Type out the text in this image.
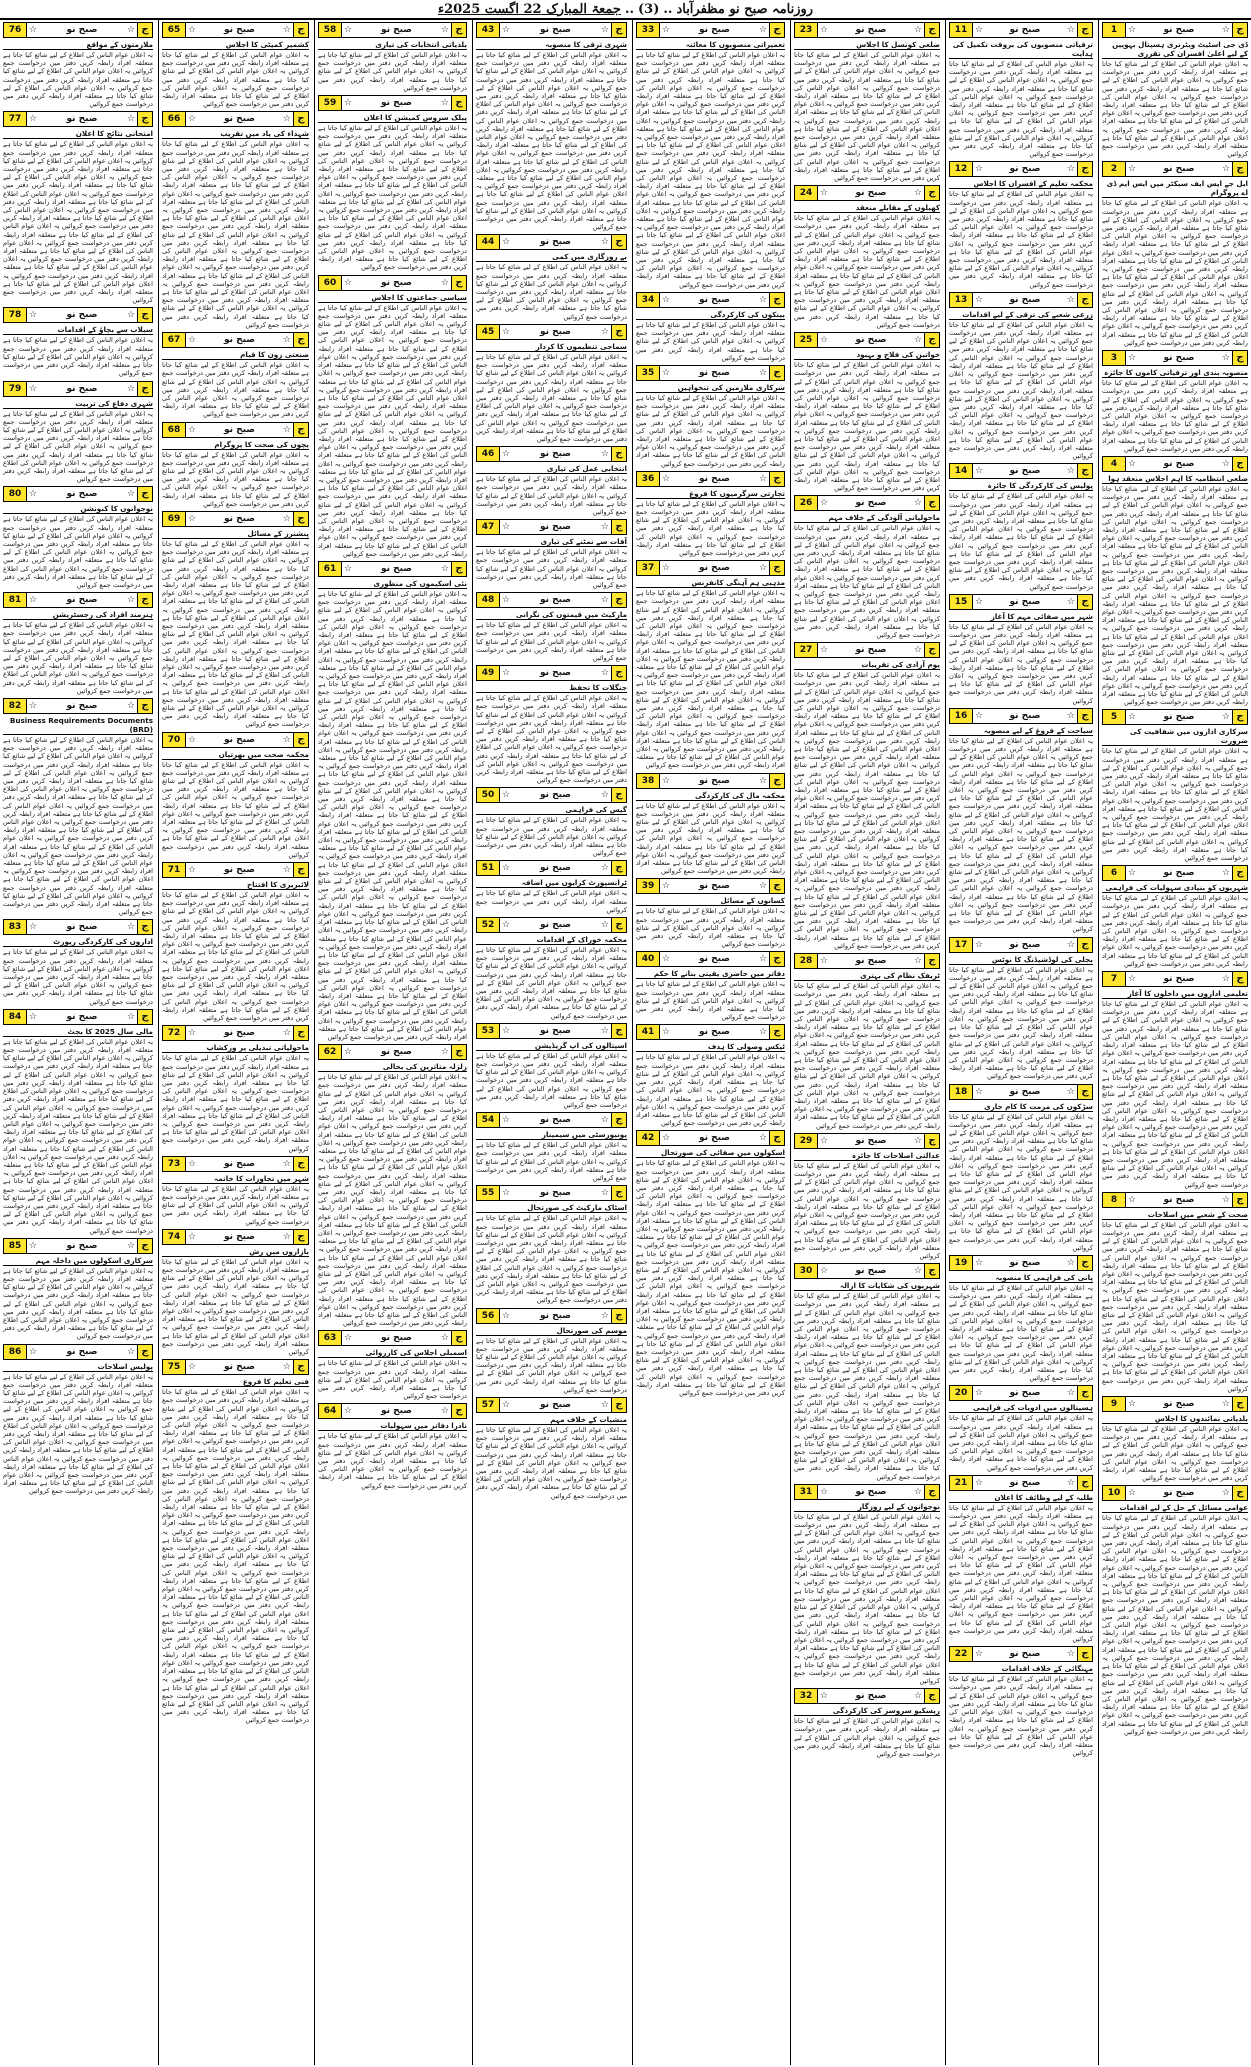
روزنامہ صبح نو مظفرآباد
..
(3)
..
جمعۃ المبارک 22 اگست 2025ء
1	☆	صبح نو	☆ ج
ڈی جی اسٹیٹ ویٹرنری ہسپتال بہوپیں کے لیے اعلیٰ افسران کی تقرری

یہ اعلان عوام الناس کی اطلاع کے لیے شائع کیا جاتا ہے متعلقہ افراد رابطہ کریں دفتر میں درخواست جمع کروائیں یہ اعلان عوام الناس کی اطلاع کے لیے شائع کیا جاتا ہے متعلقہ افراد رابطہ کریں دفتر میں درخواست جمع کروائیں یہ اعلان عوام الناس کی اطلاع کے لیے شائع کیا جاتا ہے متعلقہ افراد رابطہ کریں دفتر میں درخواست جمع کروائیں یہ اعلان عوام الناس کی اطلاع کے لیے شائع کیا جاتا ہے متعلقہ افراد رابطہ کریں دفتر میں درخواست جمع کروائیں یہ اعلان عوام الناس کی اطلاع کے لیے شائع کیا جاتا ہے متعلقہ افراد رابطہ کریں دفتر میں درخواست جمع کروائیں

2	☆	صبح نو	☆ ج
ایل جے ایس ایف سیکٹر میں ایس ایم ڈی اے پروگرام

یہ اعلان عوام الناس کی اطلاع کے لیے شائع کیا جاتا ہے متعلقہ افراد رابطہ کریں دفتر میں درخواست جمع کروائیں یہ اعلان عوام الناس کی اطلاع کے لیے شائع کیا جاتا ہے متعلقہ افراد رابطہ کریں دفتر میں درخواست جمع کروائیں یہ اعلان عوام الناس کی اطلاع کے لیے شائع کیا جاتا ہے متعلقہ افراد رابطہ کریں دفتر میں درخواست جمع کروائیں یہ اعلان عوام الناس کی اطلاع کے لیے شائع کیا جاتا ہے متعلقہ افراد رابطہ کریں دفتر میں درخواست جمع کروائیں یہ اعلان عوام الناس کی اطلاع کے لیے شائع کیا جاتا ہے متعلقہ افراد رابطہ کریں دفتر میں درخواست جمع کروائیں یہ اعلان عوام الناس کی اطلاع کے لیے شائع کیا جاتا ہے متعلقہ افراد رابطہ کریں دفتر میں درخواست جمع کروائیں یہ اعلان عوام الناس کی اطلاع کے لیے شائع کیا جاتا ہے متعلقہ افراد رابطہ کریں دفتر میں درخواست جمع کروائیں یہ اعلان عوام الناس کی اطلاع کے لیے شائع کیا جاتا ہے متعلقہ افراد رابطہ کریں دفتر میں درخواست جمع کروائیں

3	☆	صبح نو	☆ ج
منصوبہ بندی اور ترقیاتی کاموں کا جائزہ

یہ اعلان عوام الناس کی اطلاع کے لیے شائع کیا جاتا ہے متعلقہ افراد رابطہ کریں دفتر میں درخواست جمع کروائیں یہ اعلان عوام الناس کی اطلاع کے لیے شائع کیا جاتا ہے متعلقہ افراد رابطہ کریں دفتر میں درخواست جمع کروائیں یہ اعلان عوام الناس کی اطلاع کے لیے شائع کیا جاتا ہے متعلقہ افراد رابطہ کریں دفتر میں درخواست جمع کروائیں یہ اعلان عوام الناس کی اطلاع کے لیے شائع کیا جاتا ہے متعلقہ افراد رابطہ کریں دفتر میں درخواست جمع کروائیں

4	☆	صبح نو	☆ ج
ضلعی انتظامیہ کا اہم اجلاس منعقد ہوا

یہ اعلان عوام الناس کی اطلاع کے لیے شائع کیا جاتا ہے متعلقہ افراد رابطہ کریں دفتر میں درخواست جمع کروائیں یہ اعلان عوام الناس کی اطلاع کے لیے شائع کیا جاتا ہے متعلقہ افراد رابطہ کریں دفتر میں درخواست جمع کروائیں یہ اعلان عوام الناس کی اطلاع کے لیے شائع کیا جاتا ہے متعلقہ افراد رابطہ کریں دفتر میں درخواست جمع کروائیں یہ اعلان عوام الناس کی اطلاع کے لیے شائع کیا جاتا ہے متعلقہ افراد رابطہ کریں دفتر میں درخواست جمع کروائیں یہ اعلان عوام الناس کی اطلاع کے لیے شائع کیا جاتا ہے متعلقہ افراد رابطہ کریں دفتر میں درخواست جمع کروائیں یہ اعلان عوام الناس کی اطلاع کے لیے شائع کیا جاتا ہے متعلقہ افراد رابطہ کریں دفتر میں درخواست جمع کروائیں یہ اعلان عوام الناس کی اطلاع کے لیے شائع کیا جاتا ہے متعلقہ افراد رابطہ کریں دفتر میں درخواست جمع کروائیں یہ اعلان عوام الناس کی اطلاع کے لیے شائع کیا جاتا ہے متعلقہ افراد رابطہ کریں دفتر میں درخواست جمع کروائیں یہ اعلان عوام الناس کی اطلاع کے لیے شائع کیا جاتا ہے متعلقہ افراد رابطہ کریں دفتر میں درخواست جمع کروائیں یہ اعلان عوام الناس کی اطلاع کے لیے شائع کیا جاتا ہے متعلقہ افراد رابطہ کریں دفتر میں درخواست جمع کروائیں یہ اعلان عوام الناس کی اطلاع کے لیے شائع کیا جاتا ہے متعلقہ افراد رابطہ کریں دفتر میں درخواست جمع کروائیں یہ اعلان عوام الناس کی اطلاع کے لیے شائع کیا جاتا ہے متعلقہ افراد رابطہ کریں دفتر میں درخواست جمع کروائیں

5	☆	صبح نو	☆ ج
سرکاری اداروں میں شفافیت کی ضرورت

یہ اعلان عوام الناس کی اطلاع کے لیے شائع کیا جاتا ہے متعلقہ افراد رابطہ کریں دفتر میں درخواست جمع کروائیں یہ اعلان عوام الناس کی اطلاع کے لیے شائع کیا جاتا ہے متعلقہ افراد رابطہ کریں دفتر میں درخواست جمع کروائیں یہ اعلان عوام الناس کی اطلاع کے لیے شائع کیا جاتا ہے متعلقہ افراد رابطہ کریں دفتر میں درخواست جمع کروائیں یہ اعلان عوام الناس کی اطلاع کے لیے شائع کیا جاتا ہے متعلقہ افراد رابطہ کریں دفتر میں درخواست جمع کروائیں یہ اعلان عوام الناس کی اطلاع کے لیے شائع کیا جاتا ہے متعلقہ افراد رابطہ کریں دفتر میں درخواست جمع کروائیں یہ اعلان عوام الناس کی اطلاع کے لیے شائع کیا جاتا ہے متعلقہ افراد رابطہ کریں دفتر میں درخواست جمع کروائیں

6	☆	صبح نو	☆ ج
شہریوں کو بنیادی سہولیات کی فراہمی

یہ اعلان عوام الناس کی اطلاع کے لیے شائع کیا جاتا ہے متعلقہ افراد رابطہ کریں دفتر میں درخواست جمع کروائیں یہ اعلان عوام الناس کی اطلاع کے لیے شائع کیا جاتا ہے متعلقہ افراد رابطہ کریں دفتر میں درخواست جمع کروائیں یہ اعلان عوام الناس کی اطلاع کے لیے شائع کیا جاتا ہے متعلقہ افراد رابطہ کریں دفتر میں درخواست جمع کروائیں یہ اعلان عوام الناس کی اطلاع کے لیے شائع کیا جاتا ہے متعلقہ افراد رابطہ کریں دفتر میں درخواست جمع کروائیں

7	☆	صبح نو	☆ ج
تعلیمی اداروں میں داخلوں کا آغاز

یہ اعلان عوام الناس کی اطلاع کے لیے شائع کیا جاتا ہے متعلقہ افراد رابطہ کریں دفتر میں درخواست جمع کروائیں یہ اعلان عوام الناس کی اطلاع کے لیے شائع کیا جاتا ہے متعلقہ افراد رابطہ کریں دفتر میں درخواست جمع کروائیں یہ اعلان عوام الناس کی اطلاع کے لیے شائع کیا جاتا ہے متعلقہ افراد رابطہ کریں دفتر میں درخواست جمع کروائیں یہ اعلان عوام الناس کی اطلاع کے لیے شائع کیا جاتا ہے متعلقہ افراد رابطہ کریں دفتر میں درخواست جمع کروائیں یہ اعلان عوام الناس کی اطلاع کے لیے شائع کیا جاتا ہے متعلقہ افراد رابطہ کریں دفتر میں درخواست جمع کروائیں یہ اعلان عوام الناس کی اطلاع کے لیے شائع کیا جاتا ہے متعلقہ افراد رابطہ کریں دفتر میں درخواست جمع کروائیں یہ اعلان عوام الناس کی اطلاع کے لیے شائع کیا جاتا ہے متعلقہ افراد رابطہ کریں دفتر میں درخواست جمع کروائیں یہ اعلان عوام الناس کی اطلاع کے لیے شائع کیا جاتا ہے متعلقہ افراد رابطہ کریں دفتر میں درخواست جمع کروائیں یہ اعلان عوام الناس کی اطلاع کے لیے شائع کیا جاتا ہے متعلقہ افراد رابطہ کریں دفتر میں درخواست جمع کروائیں یہ اعلان عوام الناس کی اطلاع کے لیے شائع کیا جاتا ہے متعلقہ افراد رابطہ کریں دفتر میں درخواست جمع کروائیں

8	☆	صبح نو	☆ ج
صحت کے شعبے میں اصلاحات

یہ اعلان عوام الناس کی اطلاع کے لیے شائع کیا جاتا ہے متعلقہ افراد رابطہ کریں دفتر میں درخواست جمع کروائیں یہ اعلان عوام الناس کی اطلاع کے لیے شائع کیا جاتا ہے متعلقہ افراد رابطہ کریں دفتر میں درخواست جمع کروائیں یہ اعلان عوام الناس کی اطلاع کے لیے شائع کیا جاتا ہے متعلقہ افراد رابطہ کریں دفتر میں درخواست جمع کروائیں یہ اعلان عوام الناس کی اطلاع کے لیے شائع کیا جاتا ہے متعلقہ افراد رابطہ کریں دفتر میں درخواست جمع کروائیں یہ اعلان عوام الناس کی اطلاع کے لیے شائع کیا جاتا ہے متعلقہ افراد رابطہ کریں دفتر میں درخواست جمع کروائیں یہ اعلان عوام الناس کی اطلاع کے لیے شائع کیا جاتا ہے متعلقہ افراد رابطہ کریں دفتر میں درخواست جمع کروائیں یہ اعلان عوام الناس کی اطلاع کے لیے شائع کیا جاتا ہے متعلقہ افراد رابطہ کریں دفتر میں درخواست جمع کروائیں یہ اعلان عوام الناس کی اطلاع کے لیے شائع کیا جاتا ہے متعلقہ افراد رابطہ کریں دفتر میں درخواست جمع کروائیں یہ اعلان عوام الناس کی اطلاع کے لیے شائع کیا جاتا ہے متعلقہ افراد رابطہ کریں دفتر میں درخواست جمع کروائیں

9	☆	صبح نو	☆ ج
بلدیاتی نمائندوں کا اجلاس

یہ اعلان عوام الناس کی اطلاع کے لیے شائع کیا جاتا ہے متعلقہ افراد رابطہ کریں دفتر میں درخواست جمع کروائیں یہ اعلان عوام الناس کی اطلاع کے لیے شائع کیا جاتا ہے متعلقہ افراد رابطہ کریں دفتر میں درخواست جمع کروائیں یہ اعلان عوام الناس کی اطلاع کے لیے شائع کیا جاتا ہے متعلقہ افراد رابطہ کریں دفتر میں درخواست جمع کروائیں

10 ☆	صبح نو	☆ ج
عوامی مسائل کے حل کے لیے اقدامات

یہ اعلان عوام الناس کی اطلاع کے لیے شائع کیا جاتا ہے متعلقہ افراد رابطہ کریں دفتر میں درخواست جمع کروائیں یہ اعلان عوام الناس کی اطلاع کے لیے شائع کیا جاتا ہے متعلقہ افراد رابطہ کریں دفتر میں درخواست جمع کروائیں یہ اعلان عوام الناس کی اطلاع کے لیے شائع کیا جاتا ہے متعلقہ افراد رابطہ کریں دفتر میں درخواست جمع کروائیں یہ اعلان عوام الناس کی اطلاع کے لیے شائع کیا جاتا ہے متعلقہ افراد رابطہ کریں دفتر میں درخواست جمع کروائیں یہ اعلان عوام الناس کی اطلاع کے لیے شائع کیا جاتا ہے متعلقہ افراد رابطہ کریں دفتر میں درخواست جمع کروائیں یہ اعلان عوام الناس کی اطلاع کے لیے شائع کیا جاتا ہے متعلقہ افراد رابطہ کریں دفتر میں درخواست جمع کروائیں یہ اعلان عوام الناس کی اطلاع کے لیے شائع کیا جاتا ہے متعلقہ افراد رابطہ کریں دفتر میں درخواست جمع کروائیں یہ اعلان عوام الناس کی اطلاع کے لیے شائع کیا جاتا ہے متعلقہ افراد رابطہ کریں دفتر میں درخواست جمع کروائیں یہ اعلان عوام الناس کی اطلاع کے لیے شائع کیا جاتا ہے متعلقہ افراد رابطہ کریں دفتر میں درخواست جمع کروائیں یہ اعلان عوام الناس کی اطلاع کے لیے شائع کیا جاتا ہے متعلقہ افراد رابطہ کریں دفتر میں درخواست جمع کروائیں یہ اعلان عوام الناس کی اطلاع کے لیے شائع کیا جاتا ہے متعلقہ افراد رابطہ کریں دفتر میں درخواست جمع کروائیں یہ اعلان عوام الناس کی اطلاع کے لیے شائع کیا جاتا ہے متعلقہ افراد رابطہ کریں دفتر میں درخواست جمع کروائیں

11 ☆	صبح نو	☆ ج
ترقیاتی منصوبوں کی بروقت تکمیل کی ہدایت

یہ اعلان عوام الناس کی اطلاع کے لیے شائع کیا جاتا ہے متعلقہ افراد رابطہ کریں دفتر میں درخواست جمع کروائیں یہ اعلان عوام الناس کی اطلاع کے لیے شائع کیا جاتا ہے متعلقہ افراد رابطہ کریں دفتر میں درخواست جمع کروائیں یہ اعلان عوام الناس کی اطلاع کے لیے شائع کیا جاتا ہے متعلقہ افراد رابطہ کریں دفتر میں درخواست جمع کروائیں یہ اعلان عوام الناس کی اطلاع کے لیے شائع کیا جاتا ہے متعلقہ افراد رابطہ کریں دفتر میں درخواست جمع کروائیں یہ اعلان عوام الناس کی اطلاع کے لیے شائع کیا جاتا ہے متعلقہ افراد رابطہ کریں دفتر میں درخواست جمع کروائیں

12 ☆	صبح نو	☆ ج
محکمہ تعلیم کے افسران کا اجلاس

یہ اعلان عوام الناس کی اطلاع کے لیے شائع کیا جاتا ہے متعلقہ افراد رابطہ کریں دفتر میں درخواست جمع کروائیں یہ اعلان عوام الناس کی اطلاع کے لیے شائع کیا جاتا ہے متعلقہ افراد رابطہ کریں دفتر میں درخواست جمع کروائیں یہ اعلان عوام الناس کی اطلاع کے لیے شائع کیا جاتا ہے متعلقہ افراد رابطہ کریں دفتر میں درخواست جمع کروائیں یہ اعلان عوام الناس کی اطلاع کے لیے شائع کیا جاتا ہے متعلقہ افراد رابطہ کریں دفتر میں درخواست جمع کروائیں یہ اعلان عوام الناس کی اطلاع کے لیے شائع کیا جاتا ہے متعلقہ افراد رابطہ کریں دفتر میں درخواست جمع کروائیں

13 ☆	صبح نو	☆ ج
زرعی شعبے کی ترقی کے لیے اقدامات

یہ اعلان عوام الناس کی اطلاع کے لیے شائع کیا جاتا ہے متعلقہ افراد رابطہ کریں دفتر میں درخواست جمع کروائیں یہ اعلان عوام الناس کی اطلاع کے لیے شائع کیا جاتا ہے متعلقہ افراد رابطہ کریں دفتر میں درخواست جمع کروائیں یہ اعلان عوام الناس کی اطلاع کے لیے شائع کیا جاتا ہے متعلقہ افراد رابطہ کریں دفتر میں درخواست جمع کروائیں یہ اعلان عوام الناس کی اطلاع کے لیے شائع کیا جاتا ہے متعلقہ افراد رابطہ کریں دفتر میں درخواست جمع کروائیں یہ اعلان عوام الناس کی اطلاع کے لیے شائع کیا جاتا ہے متعلقہ افراد رابطہ کریں دفتر میں درخواست جمع کروائیں یہ اعلان عوام الناس کی اطلاع کے لیے شائع کیا جاتا ہے متعلقہ افراد رابطہ کریں دفتر میں درخواست جمع کروائیں یہ اعلان عوام الناس کی اطلاع کے لیے شائع کیا جاتا ہے متعلقہ افراد رابطہ کریں دفتر میں درخواست جمع کروائیں

14 ☆	صبح نو	☆ ج
پولیس کی کارکردگی کا جائزہ

یہ اعلان عوام الناس کی اطلاع کے لیے شائع کیا جاتا ہے متعلقہ افراد رابطہ کریں دفتر میں درخواست جمع کروائیں یہ اعلان عوام الناس کی اطلاع کے لیے شائع کیا جاتا ہے متعلقہ افراد رابطہ کریں دفتر میں درخواست جمع کروائیں یہ اعلان عوام الناس کی اطلاع کے لیے شائع کیا جاتا ہے متعلقہ افراد رابطہ کریں دفتر میں درخواست جمع کروائیں یہ اعلان عوام الناس کی اطلاع کے لیے شائع کیا جاتا ہے متعلقہ افراد رابطہ کریں دفتر میں درخواست جمع کروائیں یہ اعلان عوام الناس کی اطلاع کے لیے شائع کیا جاتا ہے متعلقہ افراد رابطہ کریں دفتر میں درخواست جمع کروائیں

15 ☆	صبح نو	☆ ج
شہر میں صفائی مہم کا آغاز

یہ اعلان عوام الناس کی اطلاع کے لیے شائع کیا جاتا ہے متعلقہ افراد رابطہ کریں دفتر میں درخواست جمع کروائیں یہ اعلان عوام الناس کی اطلاع کے لیے شائع کیا جاتا ہے متعلقہ افراد رابطہ کریں دفتر میں درخواست جمع کروائیں یہ اعلان عوام الناس کی اطلاع کے لیے شائع کیا جاتا ہے متعلقہ افراد رابطہ کریں دفتر میں درخواست جمع کروائیں یہ اعلان عوام الناس کی اطلاع کے لیے شائع کیا جاتا ہے متعلقہ افراد رابطہ کریں دفتر میں درخواست جمع کروائیں

16 ☆	صبح نو	☆ ج
سیاحت کے فروغ کے لیے منصوبہ

یہ اعلان عوام الناس کی اطلاع کے لیے شائع کیا جاتا ہے متعلقہ افراد رابطہ کریں دفتر میں درخواست جمع کروائیں یہ اعلان عوام الناس کی اطلاع کے لیے شائع کیا جاتا ہے متعلقہ افراد رابطہ کریں دفتر میں درخواست جمع کروائیں یہ اعلان عوام الناس کی اطلاع کے لیے شائع کیا جاتا ہے متعلقہ افراد رابطہ کریں دفتر میں درخواست جمع کروائیں یہ اعلان عوام الناس کی اطلاع کے لیے شائع کیا جاتا ہے متعلقہ افراد رابطہ کریں دفتر میں درخواست جمع کروائیں یہ اعلان عوام الناس کی اطلاع کے لیے شائع کیا جاتا ہے متعلقہ افراد رابطہ کریں دفتر میں درخواست جمع کروائیں یہ اعلان عوام الناس کی اطلاع کے لیے شائع کیا جاتا ہے متعلقہ افراد رابطہ کریں دفتر میں درخواست جمع کروائیں یہ اعلان عوام الناس کی اطلاع کے لیے شائع کیا جاتا ہے متعلقہ افراد رابطہ کریں دفتر میں درخواست جمع کروائیں یہ اعلان عوام الناس کی اطلاع کے لیے شائع کیا جاتا ہے متعلقہ افراد رابطہ کریں دفتر میں درخواست جمع کروائیں یہ اعلان عوام الناس کی اطلاع کے لیے شائع کیا جاتا ہے متعلقہ افراد رابطہ کریں دفتر میں درخواست جمع کروائیں یہ اعلان عوام الناس کی اطلاع کے لیے شائع کیا جاتا ہے متعلقہ افراد رابطہ کریں دفتر میں درخواست جمع کروائیں

17 ☆	صبح نو	☆ ج
بجلی کی لوڈشیڈنگ کا نوٹس

یہ اعلان عوام الناس کی اطلاع کے لیے شائع کیا جاتا ہے متعلقہ افراد رابطہ کریں دفتر میں درخواست جمع کروائیں یہ اعلان عوام الناس کی اطلاع کے لیے شائع کیا جاتا ہے متعلقہ افراد رابطہ کریں دفتر میں درخواست جمع کروائیں یہ اعلان عوام الناس کی اطلاع کے لیے شائع کیا جاتا ہے متعلقہ افراد رابطہ کریں دفتر میں درخواست جمع کروائیں یہ اعلان عوام الناس کی اطلاع کے لیے شائع کیا جاتا ہے متعلقہ افراد رابطہ کریں دفتر میں درخواست جمع کروائیں یہ اعلان عوام الناس کی اطلاع کے لیے شائع کیا جاتا ہے متعلقہ افراد رابطہ کریں دفتر میں درخواست جمع کروائیں یہ اعلان عوام الناس کی اطلاع کے لیے شائع کیا جاتا ہے متعلقہ افراد رابطہ کریں دفتر میں درخواست جمع کروائیں

18 ☆	صبح نو	☆ ج
سڑکوں کی مرمت کا کام جاری

یہ اعلان عوام الناس کی اطلاع کے لیے شائع کیا جاتا ہے متعلقہ افراد رابطہ کریں دفتر میں درخواست جمع کروائیں یہ اعلان عوام الناس کی اطلاع کے لیے شائع کیا جاتا ہے متعلقہ افراد رابطہ کریں دفتر میں درخواست جمع کروائیں یہ اعلان عوام الناس کی اطلاع کے لیے شائع کیا جاتا ہے متعلقہ افراد رابطہ کریں دفتر میں درخواست جمع کروائیں یہ اعلان عوام الناس کی اطلاع کے لیے شائع کیا جاتا ہے متعلقہ افراد رابطہ کریں دفتر میں درخواست جمع کروائیں یہ اعلان عوام الناس کی اطلاع کے لیے شائع کیا جاتا ہے متعلقہ افراد رابطہ کریں دفتر میں درخواست جمع کروائیں یہ اعلان عوام الناس کی اطلاع کے لیے شائع کیا جاتا ہے متعلقہ افراد رابطہ کریں دفتر میں درخواست جمع کروائیں یہ اعلان عوام الناس کی اطلاع کے لیے شائع کیا جاتا ہے متعلقہ افراد رابطہ کریں دفتر میں درخواست جمع کروائیں

19 ☆	صبح نو	☆ ج
پانی کی فراہمی کا منصوبہ

یہ اعلان عوام الناس کی اطلاع کے لیے شائع کیا جاتا ہے متعلقہ افراد رابطہ کریں دفتر میں درخواست جمع کروائیں یہ اعلان عوام الناس کی اطلاع کے لیے شائع کیا جاتا ہے متعلقہ افراد رابطہ کریں دفتر میں درخواست جمع کروائیں یہ اعلان عوام الناس کی اطلاع کے لیے شائع کیا جاتا ہے متعلقہ افراد رابطہ کریں دفتر میں درخواست جمع کروائیں یہ اعلان عوام الناس کی اطلاع کے لیے شائع کیا جاتا ہے متعلقہ افراد رابطہ کریں دفتر میں درخواست جمع کروائیں یہ اعلان عوام الناس کی اطلاع کے لیے شائع کیا جاتا ہے متعلقہ افراد رابطہ کریں دفتر میں درخواست جمع کروائیں

20 ☆	صبح نو	☆ ج
ہسپتالوں میں ادویات کی فراہمی

یہ اعلان عوام الناس کی اطلاع کے لیے شائع کیا جاتا ہے متعلقہ افراد رابطہ کریں دفتر میں درخواست جمع کروائیں یہ اعلان عوام الناس کی اطلاع کے لیے شائع کیا جاتا ہے متعلقہ افراد رابطہ کریں دفتر میں درخواست جمع کروائیں یہ اعلان عوام الناس کی اطلاع کے لیے شائع کیا جاتا ہے متعلقہ افراد رابطہ کریں دفتر میں درخواست جمع کروائیں

21 ☆	صبح نو	☆ ج
طلبہ کے لیے وظائف کا اعلان

یہ اعلان عوام الناس کی اطلاع کے لیے شائع کیا جاتا ہے متعلقہ افراد رابطہ کریں دفتر میں درخواست جمع کروائیں یہ اعلان عوام الناس کی اطلاع کے لیے شائع کیا جاتا ہے متعلقہ افراد رابطہ کریں دفتر میں درخواست جمع کروائیں یہ اعلان عوام الناس کی اطلاع کے لیے شائع کیا جاتا ہے متعلقہ افراد رابطہ کریں دفتر میں درخواست جمع کروائیں یہ اعلان عوام الناس کی اطلاع کے لیے شائع کیا جاتا ہے متعلقہ افراد رابطہ کریں دفتر میں درخواست جمع کروائیں یہ اعلان عوام الناس کی اطلاع کے لیے شائع کیا جاتا ہے متعلقہ افراد رابطہ کریں دفتر میں درخواست جمع کروائیں یہ اعلان عوام الناس کی اطلاع کے لیے شائع کیا جاتا ہے متعلقہ افراد رابطہ کریں دفتر میں درخواست جمع کروائیں یہ اعلان عوام الناس کی اطلاع کے لیے شائع کیا جاتا ہے متعلقہ افراد رابطہ کریں دفتر میں درخواست جمع کروائیں

22 ☆	صبح نو	☆ ج
مہنگائی کے خلاف اقدامات

یہ اعلان عوام الناس کی اطلاع کے لیے شائع کیا جاتا ہے متعلقہ افراد رابطہ کریں دفتر میں درخواست جمع کروائیں یہ اعلان عوام الناس کی اطلاع کے لیے شائع کیا جاتا ہے متعلقہ افراد رابطہ کریں دفتر میں درخواست جمع کروائیں یہ اعلان عوام الناس کی اطلاع کے لیے شائع کیا جاتا ہے متعلقہ افراد رابطہ کریں دفتر میں درخواست جمع کروائیں یہ اعلان عوام الناس کی اطلاع کے لیے شائع کیا جاتا ہے متعلقہ افراد رابطہ کریں دفتر میں درخواست جمع کروائیں

23 ☆	صبح نو	☆ ج
ضلعی کونسل کا اجلاس

یہ اعلان عوام الناس کی اطلاع کے لیے شائع کیا جاتا ہے متعلقہ افراد رابطہ کریں دفتر میں درخواست جمع کروائیں یہ اعلان عوام الناس کی اطلاع کے لیے شائع کیا جاتا ہے متعلقہ افراد رابطہ کریں دفتر میں درخواست جمع کروائیں یہ اعلان عوام الناس کی اطلاع کے لیے شائع کیا جاتا ہے متعلقہ افراد رابطہ کریں دفتر میں درخواست جمع کروائیں یہ اعلان عوام الناس کی اطلاع کے لیے شائع کیا جاتا ہے متعلقہ افراد رابطہ کریں دفتر میں درخواست جمع کروائیں یہ اعلان عوام الناس کی اطلاع کے لیے شائع کیا جاتا ہے متعلقہ افراد رابطہ کریں دفتر میں درخواست جمع کروائیں یہ اعلان عوام الناس کی اطلاع کے لیے شائع کیا جاتا ہے متعلقہ افراد رابطہ کریں دفتر میں درخواست جمع کروائیں یہ اعلان عوام الناس کی اطلاع کے لیے شائع کیا جاتا ہے متعلقہ افراد رابطہ کریں دفتر میں درخواست جمع کروائیں

24 ☆	صبح نو	☆ ج
کھیلوں کے مقابلے منعقد

یہ اعلان عوام الناس کی اطلاع کے لیے شائع کیا جاتا ہے متعلقہ افراد رابطہ کریں دفتر میں درخواست جمع کروائیں یہ اعلان عوام الناس کی اطلاع کے لیے شائع کیا جاتا ہے متعلقہ افراد رابطہ کریں دفتر میں درخواست جمع کروائیں یہ اعلان عوام الناس کی اطلاع کے لیے شائع کیا جاتا ہے متعلقہ افراد رابطہ کریں دفتر میں درخواست جمع کروائیں یہ اعلان عوام الناس کی اطلاع کے لیے شائع کیا جاتا ہے متعلقہ افراد رابطہ کریں دفتر میں درخواست جمع کروائیں یہ اعلان عوام الناس کی اطلاع کے لیے شائع کیا جاتا ہے متعلقہ افراد رابطہ کریں دفتر میں درخواست جمع کروائیں یہ اعلان عوام الناس کی اطلاع کے لیے شائع کیا جاتا ہے متعلقہ افراد رابطہ کریں دفتر میں درخواست جمع کروائیں

25 ☆	صبح نو	☆ ج
خواتین کی فلاح و بہبود

یہ اعلان عوام الناس کی اطلاع کے لیے شائع کیا جاتا ہے متعلقہ افراد رابطہ کریں دفتر میں درخواست جمع کروائیں یہ اعلان عوام الناس کی اطلاع کے لیے شائع کیا جاتا ہے متعلقہ افراد رابطہ کریں دفتر میں درخواست جمع کروائیں یہ اعلان عوام الناس کی اطلاع کے لیے شائع کیا جاتا ہے متعلقہ افراد رابطہ کریں دفتر میں درخواست جمع کروائیں یہ اعلان عوام الناس کی اطلاع کے لیے شائع کیا جاتا ہے متعلقہ افراد رابطہ کریں دفتر میں درخواست جمع کروائیں یہ اعلان عوام الناس کی اطلاع کے لیے شائع کیا جاتا ہے متعلقہ افراد رابطہ کریں دفتر میں درخواست جمع کروائیں یہ اعلان عوام الناس کی اطلاع کے لیے شائع کیا جاتا ہے متعلقہ افراد رابطہ کریں دفتر میں درخواست جمع کروائیں یہ اعلان عوام الناس کی اطلاع کے لیے شائع کیا جاتا ہے متعلقہ افراد رابطہ کریں دفتر میں درخواست جمع کروائیں

26 ☆	صبح نو	☆ ج
ماحولیاتی آلودگی کے خلاف مہم

یہ اعلان عوام الناس کی اطلاع کے لیے شائع کیا جاتا ہے متعلقہ افراد رابطہ کریں دفتر میں درخواست جمع کروائیں یہ اعلان عوام الناس کی اطلاع کے لیے شائع کیا جاتا ہے متعلقہ افراد رابطہ کریں دفتر میں درخواست جمع کروائیں یہ اعلان عوام الناس کی اطلاع کے لیے شائع کیا جاتا ہے متعلقہ افراد رابطہ کریں دفتر میں درخواست جمع کروائیں یہ اعلان عوام الناس کی اطلاع کے لیے شائع کیا جاتا ہے متعلقہ افراد رابطہ کریں دفتر میں درخواست جمع کروائیں یہ اعلان عوام الناس کی اطلاع کے لیے شائع کیا جاتا ہے متعلقہ افراد رابطہ کریں دفتر میں درخواست جمع کروائیں یہ اعلان عوام الناس کی اطلاع کے لیے شائع کیا جاتا ہے متعلقہ افراد رابطہ کریں دفتر میں درخواست جمع کروائیں

27 ☆	صبح نو	☆ ج
یوم آزادی کی تقریبات

یہ اعلان عوام الناس کی اطلاع کے لیے شائع کیا جاتا ہے متعلقہ افراد رابطہ کریں دفتر میں درخواست جمع کروائیں یہ اعلان عوام الناس کی اطلاع کے لیے شائع کیا جاتا ہے متعلقہ افراد رابطہ کریں دفتر میں درخواست جمع کروائیں یہ اعلان عوام الناس کی اطلاع کے لیے شائع کیا جاتا ہے متعلقہ افراد رابطہ کریں دفتر میں درخواست جمع کروائیں یہ اعلان عوام الناس کی اطلاع کے لیے شائع کیا جاتا ہے متعلقہ افراد رابطہ کریں دفتر میں درخواست جمع کروائیں یہ اعلان عوام الناس کی اطلاع کے لیے شائع کیا جاتا ہے متعلقہ افراد رابطہ کریں دفتر میں درخواست جمع کروائیں یہ اعلان عوام الناس کی اطلاع کے لیے شائع کیا جاتا ہے متعلقہ افراد رابطہ کریں دفتر میں درخواست جمع کروائیں یہ اعلان عوام الناس کی اطلاع کے لیے شائع کیا جاتا ہے متعلقہ افراد رابطہ کریں دفتر میں درخواست جمع کروائیں یہ اعلان عوام الناس کی اطلاع کے لیے شائع کیا جاتا ہے متعلقہ افراد رابطہ کریں دفتر میں درخواست جمع کروائیں یہ اعلان عوام الناس کی اطلاع کے لیے شائع کیا جاتا ہے متعلقہ افراد رابطہ کریں دفتر میں درخواست جمع کروائیں یہ اعلان عوام الناس کی اطلاع کے لیے شائع کیا جاتا ہے متعلقہ افراد رابطہ کریں دفتر میں درخواست جمع کروائیں یہ اعلان عوام الناس کی اطلاع کے لیے شائع کیا جاتا ہے متعلقہ افراد رابطہ کریں دفتر میں درخواست جمع کروائیں یہ اعلان عوام الناس کی اطلاع کے لیے شائع کیا جاتا ہے متعلقہ افراد رابطہ کریں دفتر میں درخواست جمع کروائیں یہ اعلان عوام الناس کی اطلاع کے لیے شائع کیا جاتا ہے متعلقہ افراد رابطہ کریں دفتر میں درخواست جمع کروائیں یہ اعلان عوام الناس کی اطلاع کے لیے شائع کیا جاتا ہے متعلقہ افراد رابطہ کریں دفتر میں درخواست جمع کروائیں یہ اعلان عوام الناس کی اطلاع کے لیے شائع کیا جاتا ہے متعلقہ افراد رابطہ کریں دفتر میں درخواست جمع کروائیں

28 ☆	صبح نو	☆ ج
ٹریفک نظام کی بہتری

یہ اعلان عوام الناس کی اطلاع کے لیے شائع کیا جاتا ہے متعلقہ افراد رابطہ کریں دفتر میں درخواست جمع کروائیں یہ اعلان عوام الناس کی اطلاع کے لیے شائع کیا جاتا ہے متعلقہ افراد رابطہ کریں دفتر میں درخواست جمع کروائیں یہ اعلان عوام الناس کی اطلاع کے لیے شائع کیا جاتا ہے متعلقہ افراد رابطہ کریں دفتر میں درخواست جمع کروائیں یہ اعلان عوام الناس کی اطلاع کے لیے شائع کیا جاتا ہے متعلقہ افراد رابطہ کریں دفتر میں درخواست جمع کروائیں یہ اعلان عوام الناس کی اطلاع کے لیے شائع کیا جاتا ہے متعلقہ افراد رابطہ کریں دفتر میں درخواست جمع کروائیں یہ اعلان عوام الناس کی اطلاع کے لیے شائع کیا جاتا ہے متعلقہ افراد رابطہ کریں دفتر میں درخواست جمع کروائیں یہ اعلان عوام الناس کی اطلاع کے لیے شائع کیا جاتا ہے متعلقہ افراد رابطہ کریں دفتر میں درخواست جمع کروائیں یہ اعلان عوام الناس کی اطلاع کے لیے شائع کیا جاتا ہے متعلقہ افراد رابطہ کریں دفتر میں درخواست جمع کروائیں

29 ☆	صبح نو	☆ ج
عدالتی اصلاحات کا جائزہ

یہ اعلان عوام الناس کی اطلاع کے لیے شائع کیا جاتا ہے متعلقہ افراد رابطہ کریں دفتر میں درخواست جمع کروائیں یہ اعلان عوام الناس کی اطلاع کے لیے شائع کیا جاتا ہے متعلقہ افراد رابطہ کریں دفتر میں درخواست جمع کروائیں یہ اعلان عوام الناس کی اطلاع کے لیے شائع کیا جاتا ہے متعلقہ افراد رابطہ کریں دفتر میں درخواست جمع کروائیں یہ اعلان عوام الناس کی اطلاع کے لیے شائع کیا جاتا ہے متعلقہ افراد رابطہ کریں دفتر میں درخواست جمع کروائیں یہ اعلان عوام الناس کی اطلاع کے لیے شائع کیا جاتا ہے متعلقہ افراد رابطہ کریں دفتر میں درخواست جمع کروائیں

30 ☆	صبح نو	☆ ج
شہریوں کی شکایات کا ازالہ

یہ اعلان عوام الناس کی اطلاع کے لیے شائع کیا جاتا ہے متعلقہ افراد رابطہ کریں دفتر میں درخواست جمع کروائیں یہ اعلان عوام الناس کی اطلاع کے لیے شائع کیا جاتا ہے متعلقہ افراد رابطہ کریں دفتر میں درخواست جمع کروائیں یہ اعلان عوام الناس کی اطلاع کے لیے شائع کیا جاتا ہے متعلقہ افراد رابطہ کریں دفتر میں درخواست جمع کروائیں یہ اعلان عوام الناس کی اطلاع کے لیے شائع کیا جاتا ہے متعلقہ افراد رابطہ کریں دفتر میں درخواست جمع کروائیں یہ اعلان عوام الناس کی اطلاع کے لیے شائع کیا جاتا ہے متعلقہ افراد رابطہ کریں دفتر میں درخواست جمع کروائیں یہ اعلان عوام الناس کی اطلاع کے لیے شائع کیا جاتا ہے متعلقہ افراد رابطہ کریں دفتر میں درخواست جمع کروائیں یہ اعلان عوام الناس کی اطلاع کے لیے شائع کیا جاتا ہے متعلقہ افراد رابطہ کریں دفتر میں درخواست جمع کروائیں یہ اعلان عوام الناس کی اطلاع کے لیے شائع کیا جاتا ہے متعلقہ افراد رابطہ کریں دفتر میں درخواست جمع کروائیں یہ اعلان عوام الناس کی اطلاع کے لیے شائع کیا جاتا ہے متعلقہ افراد رابطہ کریں دفتر میں درخواست جمع کروائیں یہ اعلان عوام الناس کی اطلاع کے لیے شائع کیا جاتا ہے متعلقہ افراد رابطہ کریں دفتر میں درخواست جمع کروائیں

31 ☆	صبح نو	☆ ج
نوجوانوں کے لیے روزگار

یہ اعلان عوام الناس کی اطلاع کے لیے شائع کیا جاتا ہے متعلقہ افراد رابطہ کریں دفتر میں درخواست جمع کروائیں یہ اعلان عوام الناس کی اطلاع کے لیے شائع کیا جاتا ہے متعلقہ افراد رابطہ کریں دفتر میں درخواست جمع کروائیں یہ اعلان عوام الناس کی اطلاع کے لیے شائع کیا جاتا ہے متعلقہ افراد رابطہ کریں دفتر میں درخواست جمع کروائیں یہ اعلان عوام الناس کی اطلاع کے لیے شائع کیا جاتا ہے متعلقہ افراد رابطہ کریں دفتر میں درخواست جمع کروائیں یہ اعلان عوام الناس کی اطلاع کے لیے شائع کیا جاتا ہے متعلقہ افراد رابطہ کریں دفتر میں درخواست جمع کروائیں یہ اعلان عوام الناس کی اطلاع کے لیے شائع کیا جاتا ہے متعلقہ افراد رابطہ کریں دفتر میں درخواست جمع کروائیں یہ اعلان عوام الناس کی اطلاع کے لیے شائع کیا جاتا ہے متعلقہ افراد رابطہ کریں دفتر میں درخواست جمع کروائیں یہ اعلان عوام الناس کی اطلاع کے لیے شائع کیا جاتا ہے متعلقہ افراد رابطہ کریں دفتر میں درخواست جمع کروائیں یہ اعلان عوام الناس کی اطلاع کے لیے شائع کیا جاتا ہے متعلقہ افراد رابطہ کریں دفتر میں درخواست جمع کروائیں

32 ☆	صبح نو	☆ ج
ریسکیو سروسز کی کارکردگی

یہ اعلان عوام الناس کی اطلاع کے لیے شائع کیا جاتا ہے متعلقہ افراد رابطہ کریں دفتر میں درخواست جمع کروائیں یہ اعلان عوام الناس کی اطلاع کے لیے شائع کیا جاتا ہے متعلقہ افراد رابطہ کریں دفتر میں درخواست جمع کروائیں

33 ☆	صبح نو	☆ ج
تعمیراتی منصوبوں کا معائنہ

یہ اعلان عوام الناس کی اطلاع کے لیے شائع کیا جاتا ہے متعلقہ افراد رابطہ کریں دفتر میں درخواست جمع کروائیں یہ اعلان عوام الناس کی اطلاع کے لیے شائع کیا جاتا ہے متعلقہ افراد رابطہ کریں دفتر میں درخواست جمع کروائیں یہ اعلان عوام الناس کی اطلاع کے لیے شائع کیا جاتا ہے متعلقہ افراد رابطہ کریں دفتر میں درخواست جمع کروائیں یہ اعلان عوام الناس کی اطلاع کے لیے شائع کیا جاتا ہے متعلقہ افراد رابطہ کریں دفتر میں درخواست جمع کروائیں یہ اعلان عوام الناس کی اطلاع کے لیے شائع کیا جاتا ہے متعلقہ افراد رابطہ کریں دفتر میں درخواست جمع کروائیں یہ اعلان عوام الناس کی اطلاع کے لیے شائع کیا جاتا ہے متعلقہ افراد رابطہ کریں دفتر میں درخواست جمع کروائیں یہ اعلان عوام الناس کی اطلاع کے لیے شائع کیا جاتا ہے متعلقہ افراد رابطہ کریں دفتر میں درخواست جمع کروائیں یہ اعلان عوام الناس کی اطلاع کے لیے شائع کیا جاتا ہے متعلقہ افراد رابطہ کریں دفتر میں درخواست جمع کروائیں یہ اعلان عوام الناس کی اطلاع کے لیے شائع کیا جاتا ہے متعلقہ افراد رابطہ کریں دفتر میں درخواست جمع کروائیں یہ اعلان عوام الناس کی اطلاع کے لیے شائع کیا جاتا ہے متعلقہ افراد رابطہ کریں دفتر میں درخواست جمع کروائیں یہ اعلان عوام الناس کی اطلاع کے لیے شائع کیا جاتا ہے متعلقہ افراد رابطہ کریں دفتر میں درخواست جمع کروائیں یہ اعلان عوام الناس کی اطلاع کے لیے شائع کیا جاتا ہے متعلقہ افراد رابطہ کریں دفتر میں درخواست جمع کروائیں یہ اعلان عوام الناس کی اطلاع کے لیے شائع کیا جاتا ہے متعلقہ افراد رابطہ کریں دفتر میں درخواست جمع کروائیں

34 ☆	صبح نو	☆ ج
بینکوں کی کارکردگی

یہ اعلان عوام الناس کی اطلاع کے لیے شائع کیا جاتا ہے متعلقہ افراد رابطہ کریں دفتر میں درخواست جمع کروائیں یہ اعلان عوام الناس کی اطلاع کے لیے شائع کیا جاتا ہے متعلقہ افراد رابطہ کریں دفتر میں درخواست جمع کروائیں

35 ☆	صبح نو	☆ ج
سرکاری ملازمین کی تنخواہیں

یہ اعلان عوام الناس کی اطلاع کے لیے شائع کیا جاتا ہے متعلقہ افراد رابطہ کریں دفتر میں درخواست جمع کروائیں یہ اعلان عوام الناس کی اطلاع کے لیے شائع کیا جاتا ہے متعلقہ افراد رابطہ کریں دفتر میں درخواست جمع کروائیں یہ اعلان عوام الناس کی اطلاع کے لیے شائع کیا جاتا ہے متعلقہ افراد رابطہ کریں دفتر میں درخواست جمع کروائیں یہ اعلان عوام الناس کی اطلاع کے لیے شائع کیا جاتا ہے متعلقہ افراد رابطہ کریں دفتر میں درخواست جمع کروائیں

36 ☆	صبح نو	☆ ج
تجارتی سرگرمیوں کا فروغ

یہ اعلان عوام الناس کی اطلاع کے لیے شائع کیا جاتا ہے متعلقہ افراد رابطہ کریں دفتر میں درخواست جمع کروائیں یہ اعلان عوام الناس کی اطلاع کے لیے شائع کیا جاتا ہے متعلقہ افراد رابطہ کریں دفتر میں درخواست جمع کروائیں یہ اعلان عوام الناس کی اطلاع کے لیے شائع کیا جاتا ہے متعلقہ افراد رابطہ کریں دفتر میں درخواست جمع کروائیں

37 ☆	صبح نو	☆ ج
مذہبی ہم آہنگی کانفرنس

یہ اعلان عوام الناس کی اطلاع کے لیے شائع کیا جاتا ہے متعلقہ افراد رابطہ کریں دفتر میں درخواست جمع کروائیں یہ اعلان عوام الناس کی اطلاع کے لیے شائع کیا جاتا ہے متعلقہ افراد رابطہ کریں دفتر میں درخواست جمع کروائیں یہ اعلان عوام الناس کی اطلاع کے لیے شائع کیا جاتا ہے متعلقہ افراد رابطہ کریں دفتر میں درخواست جمع کروائیں یہ اعلان عوام الناس کی اطلاع کے لیے شائع کیا جاتا ہے متعلقہ افراد رابطہ کریں دفتر میں درخواست جمع کروائیں یہ اعلان عوام الناس کی اطلاع کے لیے شائع کیا جاتا ہے متعلقہ افراد رابطہ کریں دفتر میں درخواست جمع کروائیں یہ اعلان عوام الناس کی اطلاع کے لیے شائع کیا جاتا ہے متعلقہ افراد رابطہ کریں دفتر میں درخواست جمع کروائیں یہ اعلان عوام الناس کی اطلاع کے لیے شائع کیا جاتا ہے متعلقہ افراد رابطہ کریں دفتر میں درخواست جمع کروائیں یہ اعلان عوام الناس کی اطلاع کے لیے شائع کیا جاتا ہے متعلقہ افراد رابطہ کریں دفتر میں درخواست جمع کروائیں یہ اعلان عوام الناس کی اطلاع کے لیے شائع کیا جاتا ہے متعلقہ افراد رابطہ کریں دفتر میں درخواست جمع کروائیں یہ اعلان عوام الناس کی اطلاع کے لیے شائع کیا جاتا ہے متعلقہ افراد رابطہ کریں دفتر میں درخواست جمع کروائیں

38 ☆	صبح نو	☆ ج
محکمہ مال کی کارکردگی

یہ اعلان عوام الناس کی اطلاع کے لیے شائع کیا جاتا ہے متعلقہ افراد رابطہ کریں دفتر میں درخواست جمع کروائیں یہ اعلان عوام الناس کی اطلاع کے لیے شائع کیا جاتا ہے متعلقہ افراد رابطہ کریں دفتر میں درخواست جمع کروائیں یہ اعلان عوام الناس کی اطلاع کے لیے شائع کیا جاتا ہے متعلقہ افراد رابطہ کریں دفتر میں درخواست جمع کروائیں یہ اعلان عوام الناس کی اطلاع کے لیے شائع کیا جاتا ہے متعلقہ افراد رابطہ کریں دفتر میں درخواست جمع کروائیں

39 ☆	صبح نو	☆ ج
کسانوں کے مسائل

یہ اعلان عوام الناس کی اطلاع کے لیے شائع کیا جاتا ہے متعلقہ افراد رابطہ کریں دفتر میں درخواست جمع کروائیں یہ اعلان عوام الناس کی اطلاع کے لیے شائع کیا جاتا ہے متعلقہ افراد رابطہ کریں دفتر میں درخواست جمع کروائیں

40 ☆	صبح نو	☆ ج
دفاتر میں حاضری یقینی بنانے کا حکم

یہ اعلان عوام الناس کی اطلاع کے لیے شائع کیا جاتا ہے متعلقہ افراد رابطہ کریں دفتر میں درخواست جمع کروائیں یہ اعلان عوام الناس کی اطلاع کے لیے شائع کیا جاتا ہے متعلقہ افراد رابطہ کریں دفتر میں درخواست جمع کروائیں

41 ☆	صبح نو	☆ ج
ٹیکس وصولی کا ہدف

یہ اعلان عوام الناس کی اطلاع کے لیے شائع کیا جاتا ہے متعلقہ افراد رابطہ کریں دفتر میں درخواست جمع کروائیں یہ اعلان عوام الناس کی اطلاع کے لیے شائع کیا جاتا ہے متعلقہ افراد رابطہ کریں دفتر میں درخواست جمع کروائیں یہ اعلان عوام الناس کی اطلاع کے لیے شائع کیا جاتا ہے متعلقہ افراد رابطہ کریں دفتر میں درخواست جمع کروائیں یہ اعلان عوام الناس کی اطلاع کے لیے شائع کیا جاتا ہے متعلقہ افراد رابطہ کریں دفتر میں درخواست جمع کروائیں

42 ☆	صبح نو	☆ ج
اسکولوں میں صفائی کی صورتحال

یہ اعلان عوام الناس کی اطلاع کے لیے شائع کیا جاتا ہے متعلقہ افراد رابطہ کریں دفتر میں درخواست جمع کروائیں یہ اعلان عوام الناس کی اطلاع کے لیے شائع کیا جاتا ہے متعلقہ افراد رابطہ کریں دفتر میں درخواست جمع کروائیں یہ اعلان عوام الناس کی اطلاع کے لیے شائع کیا جاتا ہے متعلقہ افراد رابطہ کریں دفتر میں درخواست جمع کروائیں یہ اعلان عوام الناس کی اطلاع کے لیے شائع کیا جاتا ہے متعلقہ افراد رابطہ کریں دفتر میں درخواست جمع کروائیں یہ اعلان عوام الناس کی اطلاع کے لیے شائع کیا جاتا ہے متعلقہ افراد رابطہ کریں دفتر میں درخواست جمع کروائیں یہ اعلان عوام الناس کی اطلاع کے لیے شائع کیا جاتا ہے متعلقہ افراد رابطہ کریں دفتر میں درخواست جمع کروائیں یہ اعلان عوام الناس کی اطلاع کے لیے شائع کیا جاتا ہے متعلقہ افراد رابطہ کریں دفتر میں درخواست جمع کروائیں یہ اعلان عوام الناس کی اطلاع کے لیے شائع کیا جاتا ہے متعلقہ افراد رابطہ کریں دفتر میں درخواست جمع کروائیں یہ اعلان عوام الناس کی اطلاع کے لیے شائع کیا جاتا ہے متعلقہ افراد رابطہ کریں دفتر میں درخواست جمع کروائیں یہ اعلان عوام الناس کی اطلاع کے لیے شائع کیا جاتا ہے متعلقہ افراد رابطہ کریں دفتر میں درخواست جمع کروائیں یہ اعلان عوام الناس کی اطلاع کے لیے شائع کیا جاتا ہے متعلقہ افراد رابطہ کریں دفتر میں درخواست جمع کروائیں یہ اعلان عوام الناس کی اطلاع کے لیے شائع کیا جاتا ہے متعلقہ افراد رابطہ کریں دفتر میں درخواست جمع کروائیں یہ اعلان عوام الناس کی اطلاع کے لیے شائع کیا جاتا ہے متعلقہ افراد رابطہ کریں دفتر میں درخواست جمع کروائیں

43 ☆	صبح نو	☆ ج
شہری ترقی کا منصوبہ

یہ اعلان عوام الناس کی اطلاع کے لیے شائع کیا جاتا ہے متعلقہ افراد رابطہ کریں دفتر میں درخواست جمع کروائیں یہ اعلان عوام الناس کی اطلاع کے لیے شائع کیا جاتا ہے متعلقہ افراد رابطہ کریں دفتر میں درخواست جمع کروائیں یہ اعلان عوام الناس کی اطلاع کے لیے شائع کیا جاتا ہے متعلقہ افراد رابطہ کریں دفتر میں درخواست جمع کروائیں یہ اعلان عوام الناس کی اطلاع کے لیے شائع کیا جاتا ہے متعلقہ افراد رابطہ کریں دفتر میں درخواست جمع کروائیں یہ اعلان عوام الناس کی اطلاع کے لیے شائع کیا جاتا ہے متعلقہ افراد رابطہ کریں دفتر میں درخواست جمع کروائیں یہ اعلان عوام الناس کی اطلاع کے لیے شائع کیا جاتا ہے متعلقہ افراد رابطہ کریں دفتر میں درخواست جمع کروائیں یہ اعلان عوام الناس کی اطلاع کے لیے شائع کیا جاتا ہے متعلقہ افراد رابطہ کریں دفتر میں درخواست جمع کروائیں یہ اعلان عوام الناس کی اطلاع کے لیے شائع کیا جاتا ہے متعلقہ افراد رابطہ کریں دفتر میں درخواست جمع کروائیں یہ اعلان عوام الناس کی اطلاع کے لیے شائع کیا جاتا ہے متعلقہ افراد رابطہ کریں دفتر میں درخواست جمع کروائیں یہ اعلان عوام الناس کی اطلاع کے لیے شائع کیا جاتا ہے متعلقہ افراد رابطہ کریں دفتر میں درخواست جمع کروائیں

44 ☆	صبح نو	☆ ج
بے روزگاری میں کمی

یہ اعلان عوام الناس کی اطلاع کے لیے شائع کیا جاتا ہے متعلقہ افراد رابطہ کریں دفتر میں درخواست جمع کروائیں یہ اعلان عوام الناس کی اطلاع کے لیے شائع کیا جاتا ہے متعلقہ افراد رابطہ کریں دفتر میں درخواست جمع کروائیں یہ اعلان عوام الناس کی اطلاع کے لیے شائع کیا جاتا ہے متعلقہ افراد رابطہ کریں دفتر میں درخواست جمع کروائیں

45 ☆	صبح نو	☆ ج
سماجی تنظیموں کا کردار

یہ اعلان عوام الناس کی اطلاع کے لیے شائع کیا جاتا ہے متعلقہ افراد رابطہ کریں دفتر میں درخواست جمع کروائیں یہ اعلان عوام الناس کی اطلاع کے لیے شائع کیا جاتا ہے متعلقہ افراد رابطہ کریں دفتر میں درخواست جمع کروائیں یہ اعلان عوام الناس کی اطلاع کے لیے شائع کیا جاتا ہے متعلقہ افراد رابطہ کریں دفتر میں درخواست جمع کروائیں یہ اعلان عوام الناس کی اطلاع کے لیے شائع کیا جاتا ہے متعلقہ افراد رابطہ کریں دفتر میں درخواست جمع کروائیں یہ اعلان عوام الناس کی اطلاع کے لیے شائع کیا جاتا ہے متعلقہ افراد رابطہ کریں دفتر میں درخواست جمع کروائیں

46 ☆	صبح نو	☆ ج
انتخابی عمل کی تیاری

یہ اعلان عوام الناس کی اطلاع کے لیے شائع کیا جاتا ہے متعلقہ افراد رابطہ کریں دفتر میں درخواست جمع کروائیں یہ اعلان عوام الناس کی اطلاع کے لیے شائع کیا جاتا ہے متعلقہ افراد رابطہ کریں دفتر میں درخواست جمع کروائیں

47 ☆	صبح نو	☆ ج
آفات سے نمٹنے کی تیاری

یہ اعلان عوام الناس کی اطلاع کے لیے شائع کیا جاتا ہے متعلقہ افراد رابطہ کریں دفتر میں درخواست جمع کروائیں یہ اعلان عوام الناس کی اطلاع کے لیے شائع کیا جاتا ہے متعلقہ افراد رابطہ کریں دفتر میں درخواست جمع کروائیں

48 ☆	صبح نو	☆ ج
مارکیٹ میں قیمتوں کی نگرانی

یہ اعلان عوام الناس کی اطلاع کے لیے شائع کیا جاتا ہے متعلقہ افراد رابطہ کریں دفتر میں درخواست جمع کروائیں یہ اعلان عوام الناس کی اطلاع کے لیے شائع کیا جاتا ہے متعلقہ افراد رابطہ کریں دفتر میں درخواست جمع کروائیں

49 ☆	صبح نو	☆ ج
جنگلات کا تحفظ

یہ اعلان عوام الناس کی اطلاع کے لیے شائع کیا جاتا ہے متعلقہ افراد رابطہ کریں دفتر میں درخواست جمع کروائیں یہ اعلان عوام الناس کی اطلاع کے لیے شائع کیا جاتا ہے متعلقہ افراد رابطہ کریں دفتر میں درخواست جمع کروائیں یہ اعلان عوام الناس کی اطلاع کے لیے شائع کیا جاتا ہے متعلقہ افراد رابطہ کریں دفتر میں درخواست جمع کروائیں یہ اعلان عوام الناس کی اطلاع کے لیے شائع کیا جاتا ہے متعلقہ افراد رابطہ کریں دفتر میں درخواست جمع کروائیں یہ اعلان عوام الناس کی اطلاع کے لیے شائع کیا جاتا ہے متعلقہ افراد رابطہ کریں دفتر میں درخواست جمع کروائیں

50 ☆	صبح نو	☆ ج
گیس کی فراہمی

یہ اعلان عوام الناس کی اطلاع کے لیے شائع کیا جاتا ہے متعلقہ افراد رابطہ کریں دفتر میں درخواست جمع کروائیں یہ اعلان عوام الناس کی اطلاع کے لیے شائع کیا جاتا ہے متعلقہ افراد رابطہ کریں دفتر میں درخواست جمع کروائیں

51 ☆	صبح نو	☆ ج
ٹرانسپورٹ کرایوں میں اضافہ

یہ اعلان عوام الناس کی اطلاع کے لیے شائع کیا جاتا ہے متعلقہ افراد رابطہ کریں دفتر میں درخواست جمع کروائیں

52 ☆	صبح نو	☆ ج
محکمہ خوراک کے اقدامات

یہ اعلان عوام الناس کی اطلاع کے لیے شائع کیا جاتا ہے متعلقہ افراد رابطہ کریں دفتر میں درخواست جمع کروائیں یہ اعلان عوام الناس کی اطلاع کے لیے شائع کیا جاتا ہے متعلقہ افراد رابطہ کریں دفتر میں درخواست جمع کروائیں یہ اعلان عوام الناس کی اطلاع کے لیے شائع کیا جاتا ہے متعلقہ افراد رابطہ کریں دفتر میں درخواست جمع کروائیں یہ اعلان عوام الناس کی اطلاع کے لیے شائع کیا جاتا ہے متعلقہ افراد رابطہ کریں دفتر میں درخواست جمع کروائیں

53 ☆	صبح نو	☆ ج
اسپتالوں کی اپ گریڈیشن

یہ اعلان عوام الناس کی اطلاع کے لیے شائع کیا جاتا ہے متعلقہ افراد رابطہ کریں دفتر میں درخواست جمع کروائیں یہ اعلان عوام الناس کی اطلاع کے لیے شائع کیا جاتا ہے متعلقہ افراد رابطہ کریں دفتر میں درخواست جمع کروائیں یہ اعلان عوام الناس کی اطلاع کے لیے شائع کیا جاتا ہے متعلقہ افراد رابطہ کریں دفتر میں درخواست جمع کروائیں

54 ☆	صبح نو	☆ ج
یونیورسٹی میں سیمینار

یہ اعلان عوام الناس کی اطلاع کے لیے شائع کیا جاتا ہے متعلقہ افراد رابطہ کریں دفتر میں درخواست جمع کروائیں یہ اعلان عوام الناس کی اطلاع کے لیے شائع کیا جاتا ہے متعلقہ افراد رابطہ کریں دفتر میں درخواست جمع کروائیں

55 ☆	صبح نو	☆ ج
اسٹاک مارکیٹ کی صورتحال

یہ اعلان عوام الناس کی اطلاع کے لیے شائع کیا جاتا ہے متعلقہ افراد رابطہ کریں دفتر میں درخواست جمع کروائیں یہ اعلان عوام الناس کی اطلاع کے لیے شائع کیا جاتا ہے متعلقہ افراد رابطہ کریں دفتر میں درخواست جمع کروائیں یہ اعلان عوام الناس کی اطلاع کے لیے شائع کیا جاتا ہے متعلقہ افراد رابطہ کریں دفتر میں درخواست جمع کروائیں یہ اعلان عوام الناس کی اطلاع کے لیے شائع کیا جاتا ہے متعلقہ افراد رابطہ کریں دفتر میں درخواست جمع کروائیں یہ اعلان عوام الناس کی اطلاع کے لیے شائع کیا جاتا ہے متعلقہ افراد رابطہ کریں دفتر میں درخواست جمع کروائیں

56 ☆	صبح نو	☆ ج
موسم کی صورتحال

یہ اعلان عوام الناس کی اطلاع کے لیے شائع کیا جاتا ہے متعلقہ افراد رابطہ کریں دفتر میں درخواست جمع کروائیں یہ اعلان عوام الناس کی اطلاع کے لیے شائع کیا جاتا ہے متعلقہ افراد رابطہ کریں دفتر میں درخواست جمع کروائیں یہ اعلان عوام الناس کی اطلاع کے لیے شائع کیا جاتا ہے متعلقہ افراد رابطہ کریں دفتر میں درخواست جمع کروائیں

57 ☆	صبح نو	☆ ج
منشیات کے خلاف مہم

یہ اعلان عوام الناس کی اطلاع کے لیے شائع کیا جاتا ہے متعلقہ افراد رابطہ کریں دفتر میں درخواست جمع کروائیں یہ اعلان عوام الناس کی اطلاع کے لیے شائع کیا جاتا ہے متعلقہ افراد رابطہ کریں دفتر میں درخواست جمع کروائیں یہ اعلان عوام الناس کی اطلاع کے لیے شائع کیا جاتا ہے متعلقہ افراد رابطہ کریں دفتر میں درخواست جمع کروائیں یہ اعلان عوام الناس کی اطلاع کے لیے شائع کیا جاتا ہے متعلقہ افراد رابطہ کریں دفتر میں درخواست جمع کروائیں

58 ☆	صبح نو	☆ ج
بلدیاتی انتخابات کی تیاری

یہ اعلان عوام الناس کی اطلاع کے لیے شائع کیا جاتا ہے متعلقہ افراد رابطہ کریں دفتر میں درخواست جمع کروائیں یہ اعلان عوام الناس کی اطلاع کے لیے شائع کیا جاتا ہے متعلقہ افراد رابطہ کریں دفتر میں درخواست جمع کروائیں

59 ☆	صبح نو	☆ ج
پبلک سروس کمیشن کا اعلان

یہ اعلان عوام الناس کی اطلاع کے لیے شائع کیا جاتا ہے متعلقہ افراد رابطہ کریں دفتر میں درخواست جمع کروائیں یہ اعلان عوام الناس کی اطلاع کے لیے شائع کیا جاتا ہے متعلقہ افراد رابطہ کریں دفتر میں درخواست جمع کروائیں یہ اعلان عوام الناس کی اطلاع کے لیے شائع کیا جاتا ہے متعلقہ افراد رابطہ کریں دفتر میں درخواست جمع کروائیں یہ اعلان عوام الناس کی اطلاع کے لیے شائع کیا جاتا ہے متعلقہ افراد رابطہ کریں دفتر میں درخواست جمع کروائیں یہ اعلان عوام الناس کی اطلاع کے لیے شائع کیا جاتا ہے متعلقہ افراد رابطہ کریں دفتر میں درخواست جمع کروائیں یہ اعلان عوام الناس کی اطلاع کے لیے شائع کیا جاتا ہے متعلقہ افراد رابطہ کریں دفتر میں درخواست جمع کروائیں یہ اعلان عوام الناس کی اطلاع کے لیے شائع کیا جاتا ہے متعلقہ افراد رابطہ کریں دفتر میں درخواست جمع کروائیں یہ اعلان عوام الناس کی اطلاع کے لیے شائع کیا جاتا ہے متعلقہ افراد رابطہ کریں دفتر میں درخواست جمع کروائیں

60 ☆	صبح نو	☆ ج
سیاسی جماعتوں کا اجلاس

یہ اعلان عوام الناس کی اطلاع کے لیے شائع کیا جاتا ہے متعلقہ افراد رابطہ کریں دفتر میں درخواست جمع کروائیں یہ اعلان عوام الناس کی اطلاع کے لیے شائع کیا جاتا ہے متعلقہ افراد رابطہ کریں دفتر میں درخواست جمع کروائیں یہ اعلان عوام الناس کی اطلاع کے لیے شائع کیا جاتا ہے متعلقہ افراد رابطہ کریں دفتر میں درخواست جمع کروائیں یہ اعلان عوام الناس کی اطلاع کے لیے شائع کیا جاتا ہے متعلقہ افراد رابطہ کریں دفتر میں درخواست جمع کروائیں یہ اعلان عوام الناس کی اطلاع کے لیے شائع کیا جاتا ہے متعلقہ افراد رابطہ کریں دفتر میں درخواست جمع کروائیں یہ اعلان عوام الناس کی اطلاع کے لیے شائع کیا جاتا ہے متعلقہ افراد رابطہ کریں دفتر میں درخواست جمع کروائیں یہ اعلان عوام الناس کی اطلاع کے لیے شائع کیا جاتا ہے متعلقہ افراد رابطہ کریں دفتر میں درخواست جمع کروائیں یہ اعلان عوام الناس کی اطلاع کے لیے شائع کیا جاتا ہے متعلقہ افراد رابطہ کریں دفتر میں درخواست جمع کروائیں یہ اعلان عوام الناس کی اطلاع کے لیے شائع کیا جاتا ہے متعلقہ افراد رابطہ کریں دفتر میں درخواست جمع کروائیں یہ اعلان عوام الناس کی اطلاع کے لیے شائع کیا جاتا ہے متعلقہ افراد رابطہ کریں دفتر میں درخواست جمع کروائیں یہ اعلان عوام الناس کی اطلاع کے لیے شائع کیا جاتا ہے متعلقہ افراد رابطہ کریں دفتر میں درخواست جمع کروائیں یہ اعلان عوام الناس کی اطلاع کے لیے شائع کیا جاتا ہے متعلقہ افراد رابطہ کریں دفتر میں درخواست جمع کروائیں یہ اعلان عوام الناس کی اطلاع کے لیے شائع کیا جاتا ہے متعلقہ افراد رابطہ کریں دفتر میں درخواست جمع کروائیں یہ اعلان عوام الناس کی اطلاع کے لیے شائع کیا جاتا ہے متعلقہ افراد رابطہ کریں دفتر میں درخواست جمع کروائیں

61 ☆	صبح نو	☆ ج
نئی اسکیموں کی منظوری

یہ اعلان عوام الناس کی اطلاع کے لیے شائع کیا جاتا ہے متعلقہ افراد رابطہ کریں دفتر میں درخواست جمع کروائیں یہ اعلان عوام الناس کی اطلاع کے لیے شائع کیا جاتا ہے متعلقہ افراد رابطہ کریں دفتر میں درخواست جمع کروائیں یہ اعلان عوام الناس کی اطلاع کے لیے شائع کیا جاتا ہے متعلقہ افراد رابطہ کریں دفتر میں درخواست جمع کروائیں یہ اعلان عوام الناس کی اطلاع کے لیے شائع کیا جاتا ہے متعلقہ افراد رابطہ کریں دفتر میں درخواست جمع کروائیں یہ اعلان عوام الناس کی اطلاع کے لیے شائع کیا جاتا ہے متعلقہ افراد رابطہ کریں دفتر میں درخواست جمع کروائیں یہ اعلان عوام الناس کی اطلاع کے لیے شائع کیا جاتا ہے متعلقہ افراد رابطہ کریں دفتر میں درخواست جمع کروائیں یہ اعلان عوام الناس کی اطلاع کے لیے شائع کیا جاتا ہے متعلقہ افراد رابطہ کریں دفتر میں درخواست جمع کروائیں یہ اعلان عوام الناس کی اطلاع کے لیے شائع کیا جاتا ہے متعلقہ افراد رابطہ کریں دفتر میں درخواست جمع کروائیں یہ اعلان عوام الناس کی اطلاع کے لیے شائع کیا جاتا ہے متعلقہ افراد رابطہ کریں دفتر میں درخواست جمع کروائیں یہ اعلان عوام الناس کی اطلاع کے لیے شائع کیا جاتا ہے متعلقہ افراد رابطہ کریں دفتر میں درخواست جمع کروائیں یہ اعلان عوام الناس کی اطلاع کے لیے شائع کیا جاتا ہے متعلقہ افراد رابطہ کریں دفتر میں درخواست جمع کروائیں یہ اعلان عوام الناس کی اطلاع کے لیے شائع کیا جاتا ہے متعلقہ افراد رابطہ کریں دفتر میں درخواست جمع کروائیں یہ اعلان عوام الناس کی اطلاع کے لیے شائع کیا جاتا ہے متعلقہ افراد رابطہ کریں دفتر میں درخواست جمع کروائیں یہ اعلان عوام الناس کی اطلاع کے لیے شائع کیا جاتا ہے متعلقہ افراد رابطہ کریں دفتر میں درخواست جمع کروائیں یہ اعلان عوام الناس کی اطلاع کے لیے شائع کیا جاتا ہے متعلقہ افراد رابطہ کریں دفتر میں درخواست جمع کروائیں یہ اعلان عوام الناس کی اطلاع کے لیے شائع کیا جاتا ہے متعلقہ افراد رابطہ کریں دفتر میں درخواست جمع کروائیں یہ اعلان عوام الناس کی اطلاع کے لیے شائع کیا جاتا ہے متعلقہ افراد رابطہ کریں دفتر میں درخواست جمع کروائیں یہ اعلان عوام الناس کی اطلاع کے لیے شائع کیا جاتا ہے متعلقہ افراد رابطہ کریں دفتر میں درخواست جمع کروائیں یہ اعلان عوام الناس کی اطلاع کے لیے شائع کیا جاتا ہے متعلقہ افراد رابطہ کریں دفتر میں درخواست جمع کروائیں یہ اعلان عوام الناس کی اطلاع کے لیے شائع کیا جاتا ہے متعلقہ افراد رابطہ کریں دفتر میں درخواست جمع کروائیں یہ اعلان عوام الناس کی اطلاع کے لیے شائع کیا جاتا ہے متعلقہ افراد رابطہ کریں دفتر میں درخواست جمع کروائیں یہ اعلان عوام الناس کی اطلاع کے لیے شائع کیا جاتا ہے متعلقہ افراد رابطہ کریں دفتر میں درخواست جمع کروائیں یہ اعلان عوام الناس کی اطلاع کے لیے شائع کیا جاتا ہے متعلقہ افراد رابطہ کریں دفتر میں درخواست جمع کروائیں یہ اعلان عوام الناس کی اطلاع کے لیے شائع کیا جاتا ہے متعلقہ افراد رابطہ کریں دفتر میں درخواست جمع کروائیں یہ اعلان عوام الناس کی اطلاع کے لیے شائع کیا جاتا ہے متعلقہ افراد رابطہ کریں دفتر میں درخواست جمع کروائیں

62 ☆	صبح نو	☆ ج
زلزلہ متاثرین کی بحالی

یہ اعلان عوام الناس کی اطلاع کے لیے شائع کیا جاتا ہے متعلقہ افراد رابطہ کریں دفتر میں درخواست جمع کروائیں یہ اعلان عوام الناس کی اطلاع کے لیے شائع کیا جاتا ہے متعلقہ افراد رابطہ کریں دفتر میں درخواست جمع کروائیں یہ اعلان عوام الناس کی اطلاع کے لیے شائع کیا جاتا ہے متعلقہ افراد رابطہ کریں دفتر میں درخواست جمع کروائیں یہ اعلان عوام الناس کی اطلاع کے لیے شائع کیا جاتا ہے متعلقہ افراد رابطہ کریں دفتر میں درخواست جمع کروائیں یہ اعلان عوام الناس کی اطلاع کے لیے شائع کیا جاتا ہے متعلقہ افراد رابطہ کریں دفتر میں درخواست جمع کروائیں یہ اعلان عوام الناس کی اطلاع کے لیے شائع کیا جاتا ہے متعلقہ افراد رابطہ کریں دفتر میں درخواست جمع کروائیں یہ اعلان عوام الناس کی اطلاع کے لیے شائع کیا جاتا ہے متعلقہ افراد رابطہ کریں دفتر میں درخواست جمع کروائیں یہ اعلان عوام الناس کی اطلاع کے لیے شائع کیا جاتا ہے متعلقہ افراد رابطہ کریں دفتر میں درخواست جمع کروائیں یہ اعلان عوام الناس کی اطلاع کے لیے شائع کیا جاتا ہے متعلقہ افراد رابطہ کریں دفتر میں درخواست جمع کروائیں یہ اعلان عوام الناس کی اطلاع کے لیے شائع کیا جاتا ہے متعلقہ افراد رابطہ کریں دفتر میں درخواست جمع کروائیں یہ اعلان عوام الناس کی اطلاع کے لیے شائع کیا جاتا ہے متعلقہ افراد رابطہ کریں دفتر میں درخواست جمع کروائیں یہ اعلان عوام الناس کی اطلاع کے لیے شائع کیا جاتا ہے متعلقہ افراد رابطہ کریں دفتر میں درخواست جمع کروائیں یہ اعلان عوام الناس کی اطلاع کے لیے شائع کیا جاتا ہے متعلقہ افراد رابطہ کریں دفتر میں درخواست جمع کروائیں یہ اعلان عوام الناس کی اطلاع کے لیے شائع کیا جاتا ہے متعلقہ افراد رابطہ کریں دفتر میں درخواست جمع کروائیں

63 ☆	صبح نو	☆ ج
اسمبلی اجلاس کی کارروائی

یہ اعلان عوام الناس کی اطلاع کے لیے شائع کیا جاتا ہے متعلقہ افراد رابطہ کریں دفتر میں درخواست جمع کروائیں یہ اعلان عوام الناس کی اطلاع کے لیے شائع کیا جاتا ہے متعلقہ افراد رابطہ کریں دفتر میں درخواست جمع کروائیں

64 ☆	صبح نو	☆ ج
نادرا دفاتر میں سہولیات

یہ اعلان عوام الناس کی اطلاع کے لیے شائع کیا جاتا ہے متعلقہ افراد رابطہ کریں دفتر میں درخواست جمع کروائیں یہ اعلان عوام الناس کی اطلاع کے لیے شائع کیا جاتا ہے متعلقہ افراد رابطہ کریں دفتر میں درخواست جمع کروائیں یہ اعلان عوام الناس کی اطلاع کے لیے شائع کیا جاتا ہے متعلقہ افراد رابطہ کریں دفتر میں درخواست جمع کروائیں

65 ☆	صبح نو	☆ ج
کشمیر کمیٹی کا اجلاس

یہ اعلان عوام الناس کی اطلاع کے لیے شائع کیا جاتا ہے متعلقہ افراد رابطہ کریں دفتر میں درخواست جمع کروائیں یہ اعلان عوام الناس کی اطلاع کے لیے شائع کیا جاتا ہے متعلقہ افراد رابطہ کریں دفتر میں درخواست جمع کروائیں یہ اعلان عوام الناس کی اطلاع کے لیے شائع کیا جاتا ہے متعلقہ افراد رابطہ کریں دفتر میں درخواست جمع کروائیں

66 ☆	صبح نو	☆ ج
شہداء کی یاد میں تقریب

یہ اعلان عوام الناس کی اطلاع کے لیے شائع کیا جاتا ہے متعلقہ افراد رابطہ کریں دفتر میں درخواست جمع کروائیں یہ اعلان عوام الناس کی اطلاع کے لیے شائع کیا جاتا ہے متعلقہ افراد رابطہ کریں دفتر میں درخواست جمع کروائیں یہ اعلان عوام الناس کی اطلاع کے لیے شائع کیا جاتا ہے متعلقہ افراد رابطہ کریں دفتر میں درخواست جمع کروائیں یہ اعلان عوام الناس کی اطلاع کے لیے شائع کیا جاتا ہے متعلقہ افراد رابطہ کریں دفتر میں درخواست جمع کروائیں یہ اعلان عوام الناس کی اطلاع کے لیے شائع کیا جاتا ہے متعلقہ افراد رابطہ کریں دفتر میں درخواست جمع کروائیں یہ اعلان عوام الناس کی اطلاع کے لیے شائع کیا جاتا ہے متعلقہ افراد رابطہ کریں دفتر میں درخواست جمع کروائیں یہ اعلان عوام الناس کی اطلاع کے لیے شائع کیا جاتا ہے متعلقہ افراد رابطہ کریں دفتر میں درخواست جمع کروائیں یہ اعلان عوام الناس کی اطلاع کے لیے شائع کیا جاتا ہے متعلقہ افراد رابطہ کریں دفتر میں درخواست جمع کروائیں یہ اعلان عوام الناس کی اطلاع کے لیے شائع کیا جاتا ہے متعلقہ افراد رابطہ کریں دفتر میں درخواست جمع کروائیں یہ اعلان عوام الناس کی اطلاع کے لیے شائع کیا جاتا ہے متعلقہ افراد رابطہ کریں دفتر میں درخواست جمع کروائیں

67 ☆	صبح نو	☆ ج
صنعتی زون کا قیام

یہ اعلان عوام الناس کی اطلاع کے لیے شائع کیا جاتا ہے متعلقہ افراد رابطہ کریں دفتر میں درخواست جمع کروائیں یہ اعلان عوام الناس کی اطلاع کے لیے شائع کیا جاتا ہے متعلقہ افراد رابطہ کریں دفتر میں درخواست جمع کروائیں یہ اعلان عوام الناس کی اطلاع کے لیے شائع کیا جاتا ہے متعلقہ افراد رابطہ کریں دفتر میں درخواست جمع کروائیں

68 ☆	صبح نو	☆ ج
بچوں کی صحت کا پروگرام

یہ اعلان عوام الناس کی اطلاع کے لیے شائع کیا جاتا ہے متعلقہ افراد رابطہ کریں دفتر میں درخواست جمع کروائیں یہ اعلان عوام الناس کی اطلاع کے لیے شائع کیا جاتا ہے متعلقہ افراد رابطہ کریں دفتر میں درخواست جمع کروائیں یہ اعلان عوام الناس کی اطلاع کے لیے شائع کیا جاتا ہے متعلقہ افراد رابطہ کریں دفتر میں درخواست جمع کروائیں

69 ☆	صبح نو	☆ ج
پنشنرز کے مسائل

یہ اعلان عوام الناس کی اطلاع کے لیے شائع کیا جاتا ہے متعلقہ افراد رابطہ کریں دفتر میں درخواست جمع کروائیں یہ اعلان عوام الناس کی اطلاع کے لیے شائع کیا جاتا ہے متعلقہ افراد رابطہ کریں دفتر میں درخواست جمع کروائیں یہ اعلان عوام الناس کی اطلاع کے لیے شائع کیا جاتا ہے متعلقہ افراد رابطہ کریں دفتر میں درخواست جمع کروائیں یہ اعلان عوام الناس کی اطلاع کے لیے شائع کیا جاتا ہے متعلقہ افراد رابطہ کریں دفتر میں درخواست جمع کروائیں یہ اعلان عوام الناس کی اطلاع کے لیے شائع کیا جاتا ہے متعلقہ افراد رابطہ کریں دفتر میں درخواست جمع کروائیں یہ اعلان عوام الناس کی اطلاع کے لیے شائع کیا جاتا ہے متعلقہ افراد رابطہ کریں دفتر میں درخواست جمع کروائیں یہ اعلان عوام الناس کی اطلاع کے لیے شائع کیا جاتا ہے متعلقہ افراد رابطہ کریں دفتر میں درخواست جمع کروائیں یہ اعلان عوام الناس کی اطلاع کے لیے شائع کیا جاتا ہے متعلقہ افراد رابطہ کریں دفتر میں درخواست جمع کروائیں یہ اعلان عوام الناس کی اطلاع کے لیے شائع کیا جاتا ہے متعلقہ افراد رابطہ کریں دفتر میں درخواست جمع کروائیں یہ اعلان عوام الناس کی اطلاع کے لیے شائع کیا جاتا ہے متعلقہ افراد رابطہ کریں دفتر میں درخواست جمع کروائیں

70 ☆	صبح نو	☆ ج
محکمہ صحت میں بھرتیاں

یہ اعلان عوام الناس کی اطلاع کے لیے شائع کیا جاتا ہے متعلقہ افراد رابطہ کریں دفتر میں درخواست جمع کروائیں یہ اعلان عوام الناس کی اطلاع کے لیے شائع کیا جاتا ہے متعلقہ افراد رابطہ کریں دفتر میں درخواست جمع کروائیں یہ اعلان عوام الناس کی اطلاع کے لیے شائع کیا جاتا ہے متعلقہ افراد رابطہ کریں دفتر میں درخواست جمع کروائیں یہ اعلان عوام الناس کی اطلاع کے لیے شائع کیا جاتا ہے متعلقہ افراد رابطہ کریں دفتر میں درخواست جمع کروائیں یہ اعلان عوام الناس کی اطلاع کے لیے شائع کیا جاتا ہے متعلقہ افراد رابطہ کریں دفتر میں درخواست جمع کروائیں

71 ☆	صبح نو	☆ ج
لائبریری کا افتتاح

یہ اعلان عوام الناس کی اطلاع کے لیے شائع کیا جاتا ہے متعلقہ افراد رابطہ کریں دفتر میں درخواست جمع کروائیں یہ اعلان عوام الناس کی اطلاع کے لیے شائع کیا جاتا ہے متعلقہ افراد رابطہ کریں دفتر میں درخواست جمع کروائیں یہ اعلان عوام الناس کی اطلاع کے لیے شائع کیا جاتا ہے متعلقہ افراد رابطہ کریں دفتر میں درخواست جمع کروائیں یہ اعلان عوام الناس کی اطلاع کے لیے شائع کیا جاتا ہے متعلقہ افراد رابطہ کریں دفتر میں درخواست جمع کروائیں یہ اعلان عوام الناس کی اطلاع کے لیے شائع کیا جاتا ہے متعلقہ افراد رابطہ کریں دفتر میں درخواست جمع کروائیں یہ اعلان عوام الناس کی اطلاع کے لیے شائع کیا جاتا ہے متعلقہ افراد رابطہ کریں دفتر میں درخواست جمع کروائیں یہ اعلان عوام الناس کی اطلاع کے لیے شائع کیا جاتا ہے متعلقہ افراد رابطہ کریں دفتر میں درخواست جمع کروائیں

72 ☆	صبح نو	☆ ج
ماحولیاتی تبدیلی پر ورکشاپ

یہ اعلان عوام الناس کی اطلاع کے لیے شائع کیا جاتا ہے متعلقہ افراد رابطہ کریں دفتر میں درخواست جمع کروائیں یہ اعلان عوام الناس کی اطلاع کے لیے شائع کیا جاتا ہے متعلقہ افراد رابطہ کریں دفتر میں درخواست جمع کروائیں یہ اعلان عوام الناس کی اطلاع کے لیے شائع کیا جاتا ہے متعلقہ افراد رابطہ کریں دفتر میں درخواست جمع کروائیں یہ اعلان عوام الناس کی اطلاع کے لیے شائع کیا جاتا ہے متعلقہ افراد رابطہ کریں دفتر میں درخواست جمع کروائیں یہ اعلان عوام الناس کی اطلاع کے لیے شائع کیا جاتا ہے متعلقہ افراد رابطہ کریں دفتر میں درخواست جمع کروائیں

73 ☆	صبح نو	☆ ج
شہر میں تجاوزات کا خاتمہ

یہ اعلان عوام الناس کی اطلاع کے لیے شائع کیا جاتا ہے متعلقہ افراد رابطہ کریں دفتر میں درخواست جمع کروائیں یہ اعلان عوام الناس کی اطلاع کے لیے شائع کیا جاتا ہے متعلقہ افراد رابطہ کریں دفتر میں درخواست جمع کروائیں

74 ☆	صبح نو	☆ ج
بازاروں میں رش

یہ اعلان عوام الناس کی اطلاع کے لیے شائع کیا جاتا ہے متعلقہ افراد رابطہ کریں دفتر میں درخواست جمع کروائیں یہ اعلان عوام الناس کی اطلاع کے لیے شائع کیا جاتا ہے متعلقہ افراد رابطہ کریں دفتر میں درخواست جمع کروائیں یہ اعلان عوام الناس کی اطلاع کے لیے شائع کیا جاتا ہے متعلقہ افراد رابطہ کریں دفتر میں درخواست جمع کروائیں یہ اعلان عوام الناس کی اطلاع کے لیے شائع کیا جاتا ہے متعلقہ افراد رابطہ کریں دفتر میں درخواست جمع کروائیں یہ اعلان عوام الناس کی اطلاع کے لیے شائع کیا جاتا ہے متعلقہ افراد رابطہ کریں دفتر میں درخواست جمع کروائیں

75 ☆	صبح نو	☆ ج
فنی تعلیم کا فروغ

یہ اعلان عوام الناس کی اطلاع کے لیے شائع کیا جاتا ہے متعلقہ افراد رابطہ کریں دفتر میں درخواست جمع کروائیں یہ اعلان عوام الناس کی اطلاع کے لیے شائع کیا جاتا ہے متعلقہ افراد رابطہ کریں دفتر میں درخواست جمع کروائیں یہ اعلان عوام الناس کی اطلاع کے لیے شائع کیا جاتا ہے متعلقہ افراد رابطہ کریں دفتر میں درخواست جمع کروائیں یہ اعلان عوام الناس کی اطلاع کے لیے شائع کیا جاتا ہے متعلقہ افراد رابطہ کریں دفتر میں درخواست جمع کروائیں یہ اعلان عوام الناس کی اطلاع کے لیے شائع کیا جاتا ہے متعلقہ افراد رابطہ کریں دفتر میں درخواست جمع کروائیں یہ اعلان عوام الناس کی اطلاع کے لیے شائع کیا جاتا ہے متعلقہ افراد رابطہ کریں دفتر میں درخواست جمع کروائیں یہ اعلان عوام الناس کی اطلاع کے لیے شائع کیا جاتا ہے متعلقہ افراد رابطہ کریں دفتر میں درخواست جمع کروائیں یہ اعلان عوام الناس کی اطلاع کے لیے شائع کیا جاتا ہے متعلقہ افراد رابطہ کریں دفتر میں درخواست جمع کروائیں یہ اعلان عوام الناس کی اطلاع کے لیے شائع کیا جاتا ہے متعلقہ افراد رابطہ کریں دفتر میں درخواست جمع کروائیں یہ اعلان عوام الناس کی اطلاع کے لیے شائع کیا جاتا ہے متعلقہ افراد رابطہ کریں دفتر میں درخواست جمع کروائیں یہ اعلان عوام الناس کی اطلاع کے لیے شائع کیا جاتا ہے متعلقہ افراد رابطہ کریں دفتر میں درخواست جمع کروائیں یہ اعلان عوام الناس کی اطلاع کے لیے شائع کیا جاتا ہے متعلقہ افراد رابطہ کریں دفتر میں درخواست جمع کروائیں یہ اعلان عوام الناس کی اطلاع کے لیے شائع کیا جاتا ہے متعلقہ افراد رابطہ کریں دفتر میں درخواست جمع کروائیں یہ اعلان عوام الناس کی اطلاع کے لیے شائع کیا جاتا ہے متعلقہ افراد رابطہ کریں دفتر میں درخواست جمع کروائیں یہ اعلان عوام الناس کی اطلاع کے لیے شائع کیا جاتا ہے متعلقہ افراد رابطہ کریں دفتر میں درخواست جمع کروائیں یہ اعلان عوام الناس کی اطلاع کے لیے شائع کیا جاتا ہے متعلقہ افراد رابطہ کریں دفتر میں درخواست جمع کروائیں یہ اعلان عوام الناس کی اطلاع کے لیے شائع کیا جاتا ہے متعلقہ افراد رابطہ کریں دفتر میں درخواست جمع کروائیں یہ اعلان عوام الناس کی اطلاع کے لیے شائع کیا جاتا ہے متعلقہ افراد رابطہ کریں دفتر میں درخواست جمع کروائیں

76 ☆	صبح نو	☆ ج
ملازمتوں کے مواقع

یہ اعلان عوام الناس کی اطلاع کے لیے شائع کیا جاتا ہے متعلقہ افراد رابطہ کریں دفتر میں درخواست جمع کروائیں یہ اعلان عوام الناس کی اطلاع کے لیے شائع کیا جاتا ہے متعلقہ افراد رابطہ کریں دفتر میں درخواست جمع کروائیں یہ اعلان عوام الناس کی اطلاع کے لیے شائع کیا جاتا ہے متعلقہ افراد رابطہ کریں دفتر میں درخواست جمع کروائیں

77 ☆	صبح نو	☆ ج
امتحانی نتائج کا اعلان

یہ اعلان عوام الناس کی اطلاع کے لیے شائع کیا جاتا ہے متعلقہ افراد رابطہ کریں دفتر میں درخواست جمع کروائیں یہ اعلان عوام الناس کی اطلاع کے لیے شائع کیا جاتا ہے متعلقہ افراد رابطہ کریں دفتر میں درخواست جمع کروائیں یہ اعلان عوام الناس کی اطلاع کے لیے شائع کیا جاتا ہے متعلقہ افراد رابطہ کریں دفتر میں درخواست جمع کروائیں یہ اعلان عوام الناس کی اطلاع کے لیے شائع کیا جاتا ہے متعلقہ افراد رابطہ کریں دفتر میں درخواست جمع کروائیں یہ اعلان عوام الناس کی اطلاع کے لیے شائع کیا جاتا ہے متعلقہ افراد رابطہ کریں دفتر میں درخواست جمع کروائیں یہ اعلان عوام الناس کی اطلاع کے لیے شائع کیا جاتا ہے متعلقہ افراد رابطہ کریں دفتر میں درخواست جمع کروائیں یہ اعلان عوام الناس کی اطلاع کے لیے شائع کیا جاتا ہے متعلقہ افراد رابطہ کریں دفتر میں درخواست جمع کروائیں یہ اعلان عوام الناس کی اطلاع کے لیے شائع کیا جاتا ہے متعلقہ افراد رابطہ کریں دفتر میں درخواست جمع کروائیں یہ اعلان عوام الناس کی اطلاع کے لیے شائع کیا جاتا ہے متعلقہ افراد رابطہ کریں دفتر میں درخواست جمع کروائیں

78 ☆	صبح نو	☆ ج
سیلاب سے بچاؤ کے اقدامات

یہ اعلان عوام الناس کی اطلاع کے لیے شائع کیا جاتا ہے متعلقہ افراد رابطہ کریں دفتر میں درخواست جمع کروائیں یہ اعلان عوام الناس کی اطلاع کے لیے شائع کیا جاتا ہے متعلقہ افراد رابطہ کریں دفتر میں درخواست جمع کروائیں

79 ☆	صبح نو	☆ ج
شہری دفاع کی تربیت

یہ اعلان عوام الناس کی اطلاع کے لیے شائع کیا جاتا ہے متعلقہ افراد رابطہ کریں دفتر میں درخواست جمع کروائیں یہ اعلان عوام الناس کی اطلاع کے لیے شائع کیا جاتا ہے متعلقہ افراد رابطہ کریں دفتر میں درخواست جمع کروائیں یہ اعلان عوام الناس کی اطلاع کے لیے شائع کیا جاتا ہے متعلقہ افراد رابطہ کریں دفتر میں درخواست جمع کروائیں یہ اعلان عوام الناس کی اطلاع کے لیے شائع کیا جاتا ہے متعلقہ افراد رابطہ کریں دفتر میں درخواست جمع کروائیں

80 ☆	صبح نو	☆ ج
نوجوانوں کا کنونشن

یہ اعلان عوام الناس کی اطلاع کے لیے شائع کیا جاتا ہے متعلقہ افراد رابطہ کریں دفتر میں درخواست جمع کروائیں یہ اعلان عوام الناس کی اطلاع کے لیے شائع کیا جاتا ہے متعلقہ افراد رابطہ کریں دفتر میں درخواست جمع کروائیں یہ اعلان عوام الناس کی اطلاع کے لیے شائع کیا جاتا ہے متعلقہ افراد رابطہ کریں دفتر میں درخواست جمع کروائیں یہ اعلان عوام الناس کی اطلاع کے لیے شائع کیا جاتا ہے متعلقہ افراد رابطہ کریں دفتر میں درخواست جمع کروائیں

81 ☆	صبح نو	☆ ج
ہنرمند افراد کی رجسٹریشن

یہ اعلان عوام الناس کی اطلاع کے لیے شائع کیا جاتا ہے متعلقہ افراد رابطہ کریں دفتر میں درخواست جمع کروائیں یہ اعلان عوام الناس کی اطلاع کے لیے شائع کیا جاتا ہے متعلقہ افراد رابطہ کریں دفتر میں درخواست جمع کروائیں یہ اعلان عوام الناس کی اطلاع کے لیے شائع کیا جاتا ہے متعلقہ افراد رابطہ کریں دفتر میں درخواست جمع کروائیں یہ اعلان عوام الناس کی اطلاع کے لیے شائع کیا جاتا ہے متعلقہ افراد رابطہ کریں دفتر میں درخواست جمع کروائیں

82 ☆	صبح نو	☆ ج
Business Requirements Documents (BRD)

یہ اعلان عوام الناس کی اطلاع کے لیے شائع کیا جاتا ہے متعلقہ افراد رابطہ کریں دفتر میں درخواست جمع کروائیں یہ اعلان عوام الناس کی اطلاع کے لیے شائع کیا جاتا ہے متعلقہ افراد رابطہ کریں دفتر میں درخواست جمع کروائیں یہ اعلان عوام الناس کی اطلاع کے لیے شائع کیا جاتا ہے متعلقہ افراد رابطہ کریں دفتر میں درخواست جمع کروائیں یہ اعلان عوام الناس کی اطلاع کے لیے شائع کیا جاتا ہے متعلقہ افراد رابطہ کریں دفتر میں درخواست جمع کروائیں یہ اعلان عوام الناس کی اطلاع کے لیے شائع کیا جاتا ہے متعلقہ افراد رابطہ کریں دفتر میں درخواست جمع کروائیں یہ اعلان عوام الناس کی اطلاع کے لیے شائع کیا جاتا ہے متعلقہ افراد رابطہ کریں دفتر میں درخواست جمع کروائیں یہ اعلان عوام الناس کی اطلاع کے لیے شائع کیا جاتا ہے متعلقہ افراد رابطہ کریں دفتر میں درخواست جمع کروائیں یہ اعلان عوام الناس کی اطلاع کے لیے شائع کیا جاتا ہے متعلقہ افراد رابطہ کریں دفتر میں درخواست جمع کروائیں یہ اعلان عوام الناس کی اطلاع کے لیے شائع کیا جاتا ہے متعلقہ افراد رابطہ کریں دفتر میں درخواست جمع کروائیں یہ اعلان عوام الناس کی اطلاع کے لیے شائع کیا جاتا ہے متعلقہ افراد رابطہ کریں دفتر میں درخواست جمع کروائیں

83 ☆	صبح نو	☆ ج
اداروں کی کارکردگی رپورٹ

یہ اعلان عوام الناس کی اطلاع کے لیے شائع کیا جاتا ہے متعلقہ افراد رابطہ کریں دفتر میں درخواست جمع کروائیں یہ اعلان عوام الناس کی اطلاع کے لیے شائع کیا جاتا ہے متعلقہ افراد رابطہ کریں دفتر میں درخواست جمع کروائیں یہ اعلان عوام الناس کی اطلاع کے لیے شائع کیا جاتا ہے متعلقہ افراد رابطہ کریں دفتر میں درخواست جمع کروائیں

84 ☆	صبح نو	☆ ج
مالی سال 2025 کا بجٹ

یہ اعلان عوام الناس کی اطلاع کے لیے شائع کیا جاتا ہے متعلقہ افراد رابطہ کریں دفتر میں درخواست جمع کروائیں یہ اعلان عوام الناس کی اطلاع کے لیے شائع کیا جاتا ہے متعلقہ افراد رابطہ کریں دفتر میں درخواست جمع کروائیں یہ اعلان عوام الناس کی اطلاع کے لیے شائع کیا جاتا ہے متعلقہ افراد رابطہ کریں دفتر میں درخواست جمع کروائیں یہ اعلان عوام الناس کی اطلاع کے لیے شائع کیا جاتا ہے متعلقہ افراد رابطہ کریں دفتر میں درخواست جمع کروائیں یہ اعلان عوام الناس کی اطلاع کے لیے شائع کیا جاتا ہے متعلقہ افراد رابطہ کریں دفتر میں درخواست جمع کروائیں یہ اعلان عوام الناس کی اطلاع کے لیے شائع کیا جاتا ہے متعلقہ افراد رابطہ کریں دفتر میں درخواست جمع کروائیں یہ اعلان عوام الناس کی اطلاع کے لیے شائع کیا جاتا ہے متعلقہ افراد رابطہ کریں دفتر میں درخواست جمع کروائیں یہ اعلان عوام الناس کی اطلاع کے لیے شائع کیا جاتا ہے متعلقہ افراد رابطہ کریں دفتر میں درخواست جمع کروائیں یہ اعلان عوام الناس کی اطلاع کے لیے شائع کیا جاتا ہے متعلقہ افراد رابطہ کریں دفتر میں درخواست جمع کروائیں یہ اعلان عوام الناس کی اطلاع کے لیے شائع کیا جاتا ہے متعلقہ افراد رابطہ کریں دفتر میں درخواست جمع کروائیں یہ اعلان عوام الناس کی اطلاع کے لیے شائع کیا جاتا ہے متعلقہ افراد رابطہ کریں دفتر میں درخواست جمع کروائیں

85 ☆	صبح نو	☆ ج
سرکاری اسکولوں میں داخلہ مہم

یہ اعلان عوام الناس کی اطلاع کے لیے شائع کیا جاتا ہے متعلقہ افراد رابطہ کریں دفتر میں درخواست جمع کروائیں یہ اعلان عوام الناس کی اطلاع کے لیے شائع کیا جاتا ہے متعلقہ افراد رابطہ کریں دفتر میں درخواست جمع کروائیں یہ اعلان عوام الناس کی اطلاع کے لیے شائع کیا جاتا ہے متعلقہ افراد رابطہ کریں دفتر میں درخواست جمع کروائیں یہ اعلان عوام الناس کی اطلاع کے لیے شائع کیا جاتا ہے متعلقہ افراد رابطہ کریں دفتر میں درخواست جمع کروائیں

86 ☆	صبح نو	☆ ج
پولیس اصلاحات

یہ اعلان عوام الناس کی اطلاع کے لیے شائع کیا جاتا ہے متعلقہ افراد رابطہ کریں دفتر میں درخواست جمع کروائیں یہ اعلان عوام الناس کی اطلاع کے لیے شائع کیا جاتا ہے متعلقہ افراد رابطہ کریں دفتر میں درخواست جمع کروائیں یہ اعلان عوام الناس کی اطلاع کے لیے شائع کیا جاتا ہے متعلقہ افراد رابطہ کریں دفتر میں درخواست جمع کروائیں یہ اعلان عوام الناس کی اطلاع کے لیے شائع کیا جاتا ہے متعلقہ افراد رابطہ کریں دفتر میں درخواست جمع کروائیں یہ اعلان عوام الناس کی اطلاع کے لیے شائع کیا جاتا ہے متعلقہ افراد رابطہ کریں دفتر میں درخواست جمع کروائیں یہ اعلان عوام الناس کی اطلاع کے لیے شائع کیا جاتا ہے متعلقہ افراد رابطہ کریں دفتر میں درخواست جمع کروائیں یہ اعلان عوام الناس کی اطلاع کے لیے شائع کیا جاتا ہے متعلقہ افراد رابطہ کریں دفتر میں درخواست جمع کروائیں
